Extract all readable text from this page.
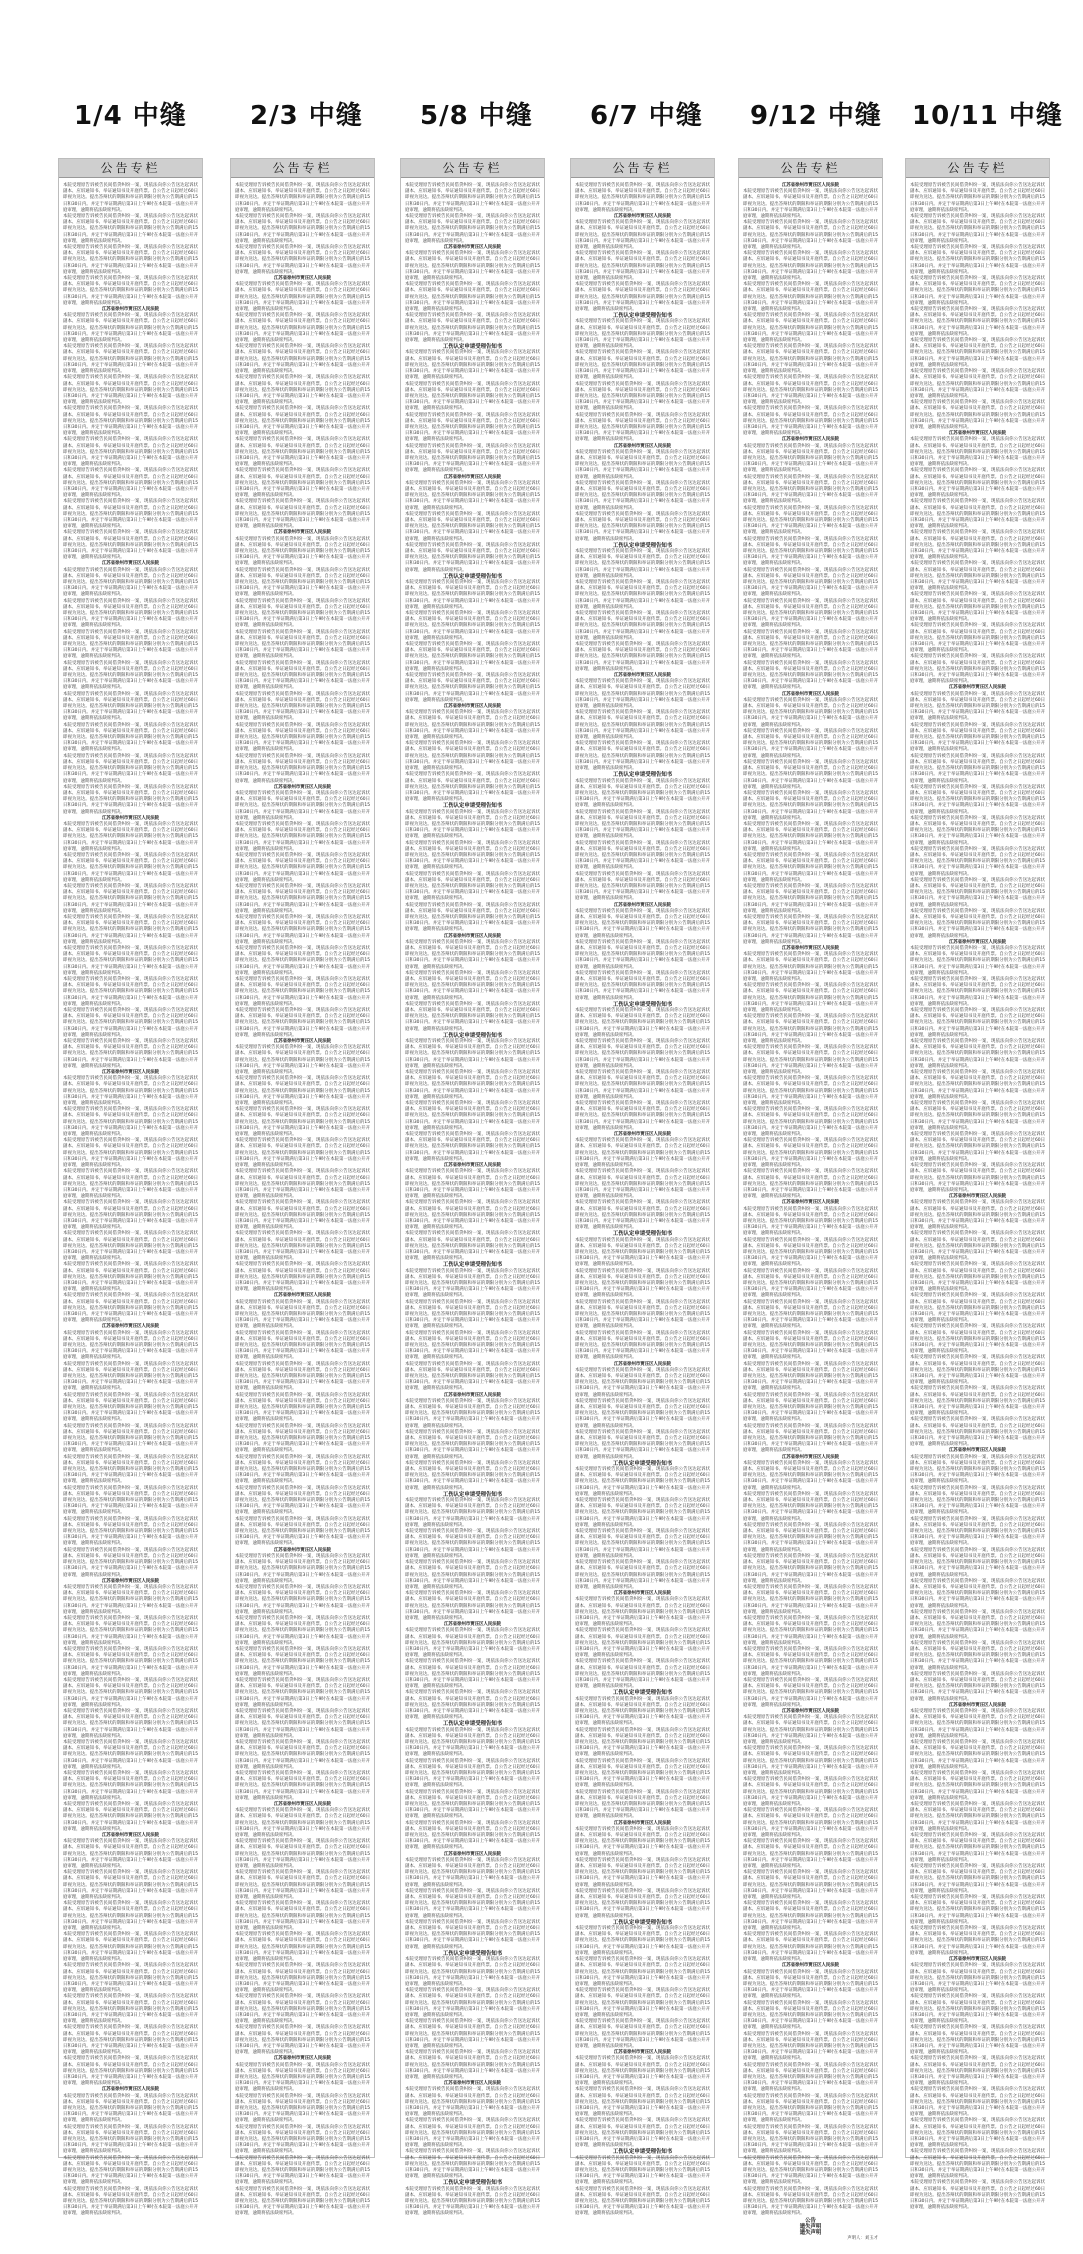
1/4 中缝 2/3 中缝 5/8 中缝 6/7 中缝 9/12 中缝 10/11 中缝
公告专栏

本院受理原告诉被告民间借贷纠纷一案，现依法向你公告送达起诉状副本、应诉通知书、举证通知书及开庭传票。自公告之日起经过60日即视为送达。提出答辩状的期限和举证的期限分别为公告期满后的15日和30日内。并定于举证期满后第3日上午9时在本院第一法庭公开开庭审理，逾期将依法缺席判决。

本院受理原告诉被告民间借贷纠纷一案，现依法向你公告送达起诉状副本、应诉通知书、举证通知书及开庭传票。自公告之日起经过60日即视为送达。提出答辩状的期限和举证的期限分别为公告期满后的15日和30日内。并定于举证期满后第3日上午9时在本院第一法庭公开开庭审理，逾期将依法缺席判决。

本院受理原告诉被告民间借贷纠纷一案，现依法向你公告送达起诉状副本、应诉通知书、举证通知书及开庭传票。自公告之日起经过60日即视为送达。提出答辩状的期限和举证的期限分别为公告期满后的15日和30日内。并定于举证期满后第3日上午9时在本院第一法庭公开开庭审理，逾期将依法缺席判决。

本院受理原告诉被告民间借贷纠纷一案，现依法向你公告送达起诉状副本、应诉通知书、举证通知书及开庭传票。自公告之日起经过60日即视为送达。提出答辩状的期限和举证的期限分别为公告期满后的15日和30日内。并定于举证期满后第3日上午9时在本院第一法庭公开开庭审理，逾期将依法缺席判决。

江苏省徐州市贾汪区人民法院

本院受理原告诉被告民间借贷纠纷一案，现依法向你公告送达起诉状副本、应诉通知书、举证通知书及开庭传票。自公告之日起经过60日即视为送达。提出答辩状的期限和举证的期限分别为公告期满后的15日和30日内。并定于举证期满后第3日上午9时在本院第一法庭公开开庭审理，逾期将依法缺席判决。

本院受理原告诉被告民间借贷纠纷一案，现依法向你公告送达起诉状副本、应诉通知书、举证通知书及开庭传票。自公告之日起经过60日即视为送达。提出答辩状的期限和举证的期限分别为公告期满后的15日和30日内。并定于举证期满后第3日上午9时在本院第一法庭公开开庭审理，逾期将依法缺席判决。

本院受理原告诉被告民间借贷纠纷一案，现依法向你公告送达起诉状副本、应诉通知书、举证通知书及开庭传票。自公告之日起经过60日即视为送达。提出答辩状的期限和举证的期限分别为公告期满后的15日和30日内。并定于举证期满后第3日上午9时在本院第一法庭公开开庭审理，逾期将依法缺席判决。

本院受理原告诉被告民间借贷纠纷一案，现依法向你公告送达起诉状副本、应诉通知书、举证通知书及开庭传票。自公告之日起经过60日即视为送达。提出答辩状的期限和举证的期限分别为公告期满后的15日和30日内。并定于举证期满后第3日上午9时在本院第一法庭公开开庭审理，逾期将依法缺席判决。

本院受理原告诉被告民间借贷纠纷一案，现依法向你公告送达起诉状副本、应诉通知书、举证通知书及开庭传票。自公告之日起经过60日即视为送达。提出答辩状的期限和举证的期限分别为公告期满后的15日和30日内。并定于举证期满后第3日上午9时在本院第一法庭公开开庭审理，逾期将依法缺席判决。

本院受理原告诉被告民间借贷纠纷一案，现依法向你公告送达起诉状副本、应诉通知书、举证通知书及开庭传票。自公告之日起经过60日即视为送达。提出答辩状的期限和举证的期限分别为公告期满后的15日和30日内。并定于举证期满后第3日上午9时在本院第一法庭公开开庭审理，逾期将依法缺席判决。

本院受理原告诉被告民间借贷纠纷一案，现依法向你公告送达起诉状副本、应诉通知书、举证通知书及开庭传票。自公告之日起经过60日即视为送达。提出答辩状的期限和举证的期限分别为公告期满后的15日和30日内。并定于举证期满后第3日上午9时在本院第一法庭公开开庭审理，逾期将依法缺席判决。

本院受理原告诉被告民间借贷纠纷一案，现依法向你公告送达起诉状副本、应诉通知书、举证通知书及开庭传票。自公告之日起经过60日即视为送达。提出答辩状的期限和举证的期限分别为公告期满后的15日和30日内。并定于举证期满后第3日上午9时在本院第一法庭公开开庭审理，逾期将依法缺席判决。

江苏省徐州市贾汪区人民法院

本院受理原告诉被告民间借贷纠纷一案，现依法向你公告送达起诉状副本、应诉通知书、举证通知书及开庭传票。自公告之日起经过60日即视为送达。提出答辩状的期限和举证的期限分别为公告期满后的15日和30日内。并定于举证期满后第3日上午9时在本院第一法庭公开开庭审理，逾期将依法缺席判决。

本院受理原告诉被告民间借贷纠纷一案，现依法向你公告送达起诉状副本、应诉通知书、举证通知书及开庭传票。自公告之日起经过60日即视为送达。提出答辩状的期限和举证的期限分别为公告期满后的15日和30日内。并定于举证期满后第3日上午9时在本院第一法庭公开开庭审理，逾期将依法缺席判决。

本院受理原告诉被告民间借贷纠纷一案，现依法向你公告送达起诉状副本、应诉通知书、举证通知书及开庭传票。自公告之日起经过60日即视为送达。提出答辩状的期限和举证的期限分别为公告期满后的15日和30日内。并定于举证期满后第3日上午9时在本院第一法庭公开开庭审理，逾期将依法缺席判决。

本院受理原告诉被告民间借贷纠纷一案，现依法向你公告送达起诉状副本、应诉通知书、举证通知书及开庭传票。自公告之日起经过60日即视为送达。提出答辩状的期限和举证的期限分别为公告期满后的15日和30日内。并定于举证期满后第3日上午9时在本院第一法庭公开开庭审理，逾期将依法缺席判决。

本院受理原告诉被告民间借贷纠纷一案，现依法向你公告送达起诉状副本、应诉通知书、举证通知书及开庭传票。自公告之日起经过60日即视为送达。提出答辩状的期限和举证的期限分别为公告期满后的15日和30日内。并定于举证期满后第3日上午9时在本院第一法庭公开开庭审理，逾期将依法缺席判决。

本院受理原告诉被告民间借贷纠纷一案，现依法向你公告送达起诉状副本、应诉通知书、举证通知书及开庭传票。自公告之日起经过60日即视为送达。提出答辩状的期限和举证的期限分别为公告期满后的15日和30日内。并定于举证期满后第3日上午9时在本院第一法庭公开开庭审理，逾期将依法缺席判决。

本院受理原告诉被告民间借贷纠纷一案，现依法向你公告送达起诉状副本、应诉通知书、举证通知书及开庭传票。自公告之日起经过60日即视为送达。提出答辩状的期限和举证的期限分别为公告期满后的15日和30日内。并定于举证期满后第3日上午9时在本院第一法庭公开开庭审理，逾期将依法缺席判决。

本院受理原告诉被告民间借贷纠纷一案，现依法向你公告送达起诉状副本、应诉通知书、举证通知书及开庭传票。自公告之日起经过60日即视为送达。提出答辩状的期限和举证的期限分别为公告期满后的15日和30日内。并定于举证期满后第3日上午9时在本院第一法庭公开开庭审理，逾期将依法缺席判决。

江苏省徐州市贾汪区人民法院

本院受理原告诉被告民间借贷纠纷一案，现依法向你公告送达起诉状副本、应诉通知书、举证通知书及开庭传票。自公告之日起经过60日即视为送达。提出答辩状的期限和举证的期限分别为公告期满后的15日和30日内。并定于举证期满后第3日上午9时在本院第一法庭公开开庭审理，逾期将依法缺席判决。

本院受理原告诉被告民间借贷纠纷一案，现依法向你公告送达起诉状副本、应诉通知书、举证通知书及开庭传票。自公告之日起经过60日即视为送达。提出答辩状的期限和举证的期限分别为公告期满后的15日和30日内。并定于举证期满后第3日上午9时在本院第一法庭公开开庭审理，逾期将依法缺席判决。

本院受理原告诉被告民间借贷纠纷一案，现依法向你公告送达起诉状副本、应诉通知书、举证通知书及开庭传票。自公告之日起经过60日即视为送达。提出答辩状的期限和举证的期限分别为公告期满后的15日和30日内。并定于举证期满后第3日上午9时在本院第一法庭公开开庭审理，逾期将依法缺席判决。

本院受理原告诉被告民间借贷纠纷一案，现依法向你公告送达起诉状副本、应诉通知书、举证通知书及开庭传票。自公告之日起经过60日即视为送达。提出答辩状的期限和举证的期限分别为公告期满后的15日和30日内。并定于举证期满后第3日上午9时在本院第一法庭公开开庭审理，逾期将依法缺席判决。

本院受理原告诉被告民间借贷纠纷一案，现依法向你公告送达起诉状副本、应诉通知书、举证通知书及开庭传票。自公告之日起经过60日即视为送达。提出答辩状的期限和举证的期限分别为公告期满后的15日和30日内。并定于举证期满后第3日上午9时在本院第一法庭公开开庭审理，逾期将依法缺席判决。

本院受理原告诉被告民间借贷纠纷一案，现依法向你公告送达起诉状副本、应诉通知书、举证通知书及开庭传票。自公告之日起经过60日即视为送达。提出答辩状的期限和举证的期限分别为公告期满后的15日和30日内。并定于举证期满后第3日上午9时在本院第一法庭公开开庭审理，逾期将依法缺席判决。

本院受理原告诉被告民间借贷纠纷一案，现依法向你公告送达起诉状副本、应诉通知书、举证通知书及开庭传票。自公告之日起经过60日即视为送达。提出答辩状的期限和举证的期限分别为公告期满后的15日和30日内。并定于举证期满后第3日上午9时在本院第一法庭公开开庭审理，逾期将依法缺席判决。

本院受理原告诉被告民间借贷纠纷一案，现依法向你公告送达起诉状副本、应诉通知书、举证通知书及开庭传票。自公告之日起经过60日即视为送达。提出答辩状的期限和举证的期限分别为公告期满后的15日和30日内。并定于举证期满后第3日上午9时在本院第一法庭公开开庭审理，逾期将依法缺席判决。

江苏省徐州市贾汪区人民法院

本院受理原告诉被告民间借贷纠纷一案，现依法向你公告送达起诉状副本、应诉通知书、举证通知书及开庭传票。自公告之日起经过60日即视为送达。提出答辩状的期限和举证的期限分别为公告期满后的15日和30日内。并定于举证期满后第3日上午9时在本院第一法庭公开开庭审理，逾期将依法缺席判决。

本院受理原告诉被告民间借贷纠纷一案，现依法向你公告送达起诉状副本、应诉通知书、举证通知书及开庭传票。自公告之日起经过60日即视为送达。提出答辩状的期限和举证的期限分别为公告期满后的15日和30日内。并定于举证期满后第3日上午9时在本院第一法庭公开开庭审理，逾期将依法缺席判决。

本院受理原告诉被告民间借贷纠纷一案，现依法向你公告送达起诉状副本、应诉通知书、举证通知书及开庭传票。自公告之日起经过60日即视为送达。提出答辩状的期限和举证的期限分别为公告期满后的15日和30日内。并定于举证期满后第3日上午9时在本院第一法庭公开开庭审理，逾期将依法缺席判决。

本院受理原告诉被告民间借贷纠纷一案，现依法向你公告送达起诉状副本、应诉通知书、举证通知书及开庭传票。自公告之日起经过60日即视为送达。提出答辩状的期限和举证的期限分别为公告期满后的15日和30日内。并定于举证期满后第3日上午9时在本院第一法庭公开开庭审理，逾期将依法缺席判决。

本院受理原告诉被告民间借贷纠纷一案，现依法向你公告送达起诉状副本、应诉通知书、举证通知书及开庭传票。自公告之日起经过60日即视为送达。提出答辩状的期限和举证的期限分别为公告期满后的15日和30日内。并定于举证期满后第3日上午9时在本院第一法庭公开开庭审理，逾期将依法缺席判决。

本院受理原告诉被告民间借贷纠纷一案，现依法向你公告送达起诉状副本、应诉通知书、举证通知书及开庭传票。自公告之日起经过60日即视为送达。提出答辩状的期限和举证的期限分别为公告期满后的15日和30日内。并定于举证期满后第3日上午9时在本院第一法庭公开开庭审理，逾期将依法缺席判决。

本院受理原告诉被告民间借贷纠纷一案，现依法向你公告送达起诉状副本、应诉通知书、举证通知书及开庭传票。自公告之日起经过60日即视为送达。提出答辩状的期限和举证的期限分别为公告期满后的15日和30日内。并定于举证期满后第3日上午9时在本院第一法庭公开开庭审理，逾期将依法缺席判决。

本院受理原告诉被告民间借贷纠纷一案，现依法向你公告送达起诉状副本、应诉通知书、举证通知书及开庭传票。自公告之日起经过60日即视为送达。提出答辩状的期限和举证的期限分别为公告期满后的15日和30日内。并定于举证期满后第3日上午9时在本院第一法庭公开开庭审理，逾期将依法缺席判决。

江苏省徐州市贾汪区人民法院

本院受理原告诉被告民间借贷纠纷一案，现依法向你公告送达起诉状副本、应诉通知书、举证通知书及开庭传票。自公告之日起经过60日即视为送达。提出答辩状的期限和举证的期限分别为公告期满后的15日和30日内。并定于举证期满后第3日上午9时在本院第一法庭公开开庭审理，逾期将依法缺席判决。

本院受理原告诉被告民间借贷纠纷一案，现依法向你公告送达起诉状副本、应诉通知书、举证通知书及开庭传票。自公告之日起经过60日即视为送达。提出答辩状的期限和举证的期限分别为公告期满后的15日和30日内。并定于举证期满后第3日上午9时在本院第一法庭公开开庭审理，逾期将依法缺席判决。

本院受理原告诉被告民间借贷纠纷一案，现依法向你公告送达起诉状副本、应诉通知书、举证通知书及开庭传票。自公告之日起经过60日即视为送达。提出答辩状的期限和举证的期限分别为公告期满后的15日和30日内。并定于举证期满后第3日上午9时在本院第一法庭公开开庭审理，逾期将依法缺席判决。

本院受理原告诉被告民间借贷纠纷一案，现依法向你公告送达起诉状副本、应诉通知书、举证通知书及开庭传票。自公告之日起经过60日即视为送达。提出答辩状的期限和举证的期限分别为公告期满后的15日和30日内。并定于举证期满后第3日上午9时在本院第一法庭公开开庭审理，逾期将依法缺席判决。

本院受理原告诉被告民间借贷纠纷一案，现依法向你公告送达起诉状副本、应诉通知书、举证通知书及开庭传票。自公告之日起经过60日即视为送达。提出答辩状的期限和举证的期限分别为公告期满后的15日和30日内。并定于举证期满后第3日上午9时在本院第一法庭公开开庭审理，逾期将依法缺席判决。

本院受理原告诉被告民间借贷纠纷一案，现依法向你公告送达起诉状副本、应诉通知书、举证通知书及开庭传票。自公告之日起经过60日即视为送达。提出答辩状的期限和举证的期限分别为公告期满后的15日和30日内。并定于举证期满后第3日上午9时在本院第一法庭公开开庭审理，逾期将依法缺席判决。

本院受理原告诉被告民间借贷纠纷一案，现依法向你公告送达起诉状副本、应诉通知书、举证通知书及开庭传票。自公告之日起经过60日即视为送达。提出答辩状的期限和举证的期限分别为公告期满后的15日和30日内。并定于举证期满后第3日上午9时在本院第一法庭公开开庭审理，逾期将依法缺席判决。

本院受理原告诉被告民间借贷纠纷一案，现依法向你公告送达起诉状副本、应诉通知书、举证通知书及开庭传票。自公告之日起经过60日即视为送达。提出答辩状的期限和举证的期限分别为公告期满后的15日和30日内。并定于举证期满后第3日上午9时在本院第一法庭公开开庭审理，逾期将依法缺席判决。

江苏省徐州市贾汪区人民法院

本院受理原告诉被告民间借贷纠纷一案，现依法向你公告送达起诉状副本、应诉通知书、举证通知书及开庭传票。自公告之日起经过60日即视为送达。提出答辩状的期限和举证的期限分别为公告期满后的15日和30日内。并定于举证期满后第3日上午9时在本院第一法庭公开开庭审理，逾期将依法缺席判决。

本院受理原告诉被告民间借贷纠纷一案，现依法向你公告送达起诉状副本、应诉通知书、举证通知书及开庭传票。自公告之日起经过60日即视为送达。提出答辩状的期限和举证的期限分别为公告期满后的15日和30日内。并定于举证期满后第3日上午9时在本院第一法庭公开开庭审理，逾期将依法缺席判决。

本院受理原告诉被告民间借贷纠纷一案，现依法向你公告送达起诉状副本、应诉通知书、举证通知书及开庭传票。自公告之日起经过60日即视为送达。提出答辩状的期限和举证的期限分别为公告期满后的15日和30日内。并定于举证期满后第3日上午9时在本院第一法庭公开开庭审理，逾期将依法缺席判决。

本院受理原告诉被告民间借贷纠纷一案，现依法向你公告送达起诉状副本、应诉通知书、举证通知书及开庭传票。自公告之日起经过60日即视为送达。提出答辩状的期限和举证的期限分别为公告期满后的15日和30日内。并定于举证期满后第3日上午9时在本院第一法庭公开开庭审理，逾期将依法缺席判决。

本院受理原告诉被告民间借贷纠纷一案，现依法向你公告送达起诉状副本、应诉通知书、举证通知书及开庭传票。自公告之日起经过60日即视为送达。提出答辩状的期限和举证的期限分别为公告期满后的15日和30日内。并定于举证期满后第3日上午9时在本院第一法庭公开开庭审理，逾期将依法缺席判决。

本院受理原告诉被告民间借贷纠纷一案，现依法向你公告送达起诉状副本、应诉通知书、举证通知书及开庭传票。自公告之日起经过60日即视为送达。提出答辩状的期限和举证的期限分别为公告期满后的15日和30日内。并定于举证期满后第3日上午9时在本院第一法庭公开开庭审理，逾期将依法缺席判决。

本院受理原告诉被告民间借贷纠纷一案，现依法向你公告送达起诉状副本、应诉通知书、举证通知书及开庭传票。自公告之日起经过60日即视为送达。提出答辩状的期限和举证的期限分别为公告期满后的15日和30日内。并定于举证期满后第3日上午9时在本院第一法庭公开开庭审理，逾期将依法缺席判决。

本院受理原告诉被告民间借贷纠纷一案，现依法向你公告送达起诉状副本、应诉通知书、举证通知书及开庭传票。自公告之日起经过60日即视为送达。提出答辩状的期限和举证的期限分别为公告期满后的15日和30日内。并定于举证期满后第3日上午9时在本院第一法庭公开开庭审理，逾期将依法缺席判决。

江苏省徐州市贾汪区人民法院

本院受理原告诉被告民间借贷纠纷一案，现依法向你公告送达起诉状副本、应诉通知书、举证通知书及开庭传票。自公告之日起经过60日即视为送达。提出答辩状的期限和举证的期限分别为公告期满后的15日和30日内。并定于举证期满后第3日上午9时在本院第一法庭公开开庭审理，逾期将依法缺席判决。

本院受理原告诉被告民间借贷纠纷一案，现依法向你公告送达起诉状副本、应诉通知书、举证通知书及开庭传票。自公告之日起经过60日即视为送达。提出答辩状的期限和举证的期限分别为公告期满后的15日和30日内。并定于举证期满后第3日上午9时在本院第一法庭公开开庭审理，逾期将依法缺席判决。

本院受理原告诉被告民间借贷纠纷一案，现依法向你公告送达起诉状副本、应诉通知书、举证通知书及开庭传票。自公告之日起经过60日即视为送达。提出答辩状的期限和举证的期限分别为公告期满后的15日和30日内。并定于举证期满后第3日上午9时在本院第一法庭公开开庭审理，逾期将依法缺席判决。

本院受理原告诉被告民间借贷纠纷一案，现依法向你公告送达起诉状副本、应诉通知书、举证通知书及开庭传票。自公告之日起经过60日即视为送达。提出答辩状的期限和举证的期限分别为公告期满后的15日和30日内。并定于举证期满后第3日上午9时在本院第一法庭公开开庭审理，逾期将依法缺席判决。

本院受理原告诉被告民间借贷纠纷一案，现依法向你公告送达起诉状副本、应诉通知书、举证通知书及开庭传票。自公告之日起经过60日即视为送达。提出答辩状的期限和举证的期限分别为公告期满后的15日和30日内。并定于举证期满后第3日上午9时在本院第一法庭公开开庭审理，逾期将依法缺席判决。

本院受理原告诉被告民间借贷纠纷一案，现依法向你公告送达起诉状副本、应诉通知书、举证通知书及开庭传票。自公告之日起经过60日即视为送达。提出答辩状的期限和举证的期限分别为公告期满后的15日和30日内。并定于举证期满后第3日上午9时在本院第一法庭公开开庭审理，逾期将依法缺席判决。

本院受理原告诉被告民间借贷纠纷一案，现依法向你公告送达起诉状副本、应诉通知书、举证通知书及开庭传票。自公告之日起经过60日即视为送达。提出答辩状的期限和举证的期限分别为公告期满后的15日和30日内。并定于举证期满后第3日上午9时在本院第一法庭公开开庭审理，逾期将依法缺席判决。

本院受理原告诉被告民间借贷纠纷一案，现依法向你公告送达起诉状副本、应诉通知书、举证通知书及开庭传票。自公告之日起经过60日即视为送达。提出答辩状的期限和举证的期限分别为公告期满后的15日和30日内。并定于举证期满后第3日上午9时在本院第一法庭公开开庭审理，逾期将依法缺席判决。

江苏省徐州市贾汪区人民法院

本院受理原告诉被告民间借贷纠纷一案，现依法向你公告送达起诉状副本、应诉通知书、举证通知书及开庭传票。自公告之日起经过60日即视为送达。提出答辩状的期限和举证的期限分别为公告期满后的15日和30日内。并定于举证期满后第3日上午9时在本院第一法庭公开开庭审理，逾期将依法缺席判决。

本院受理原告诉被告民间借贷纠纷一案，现依法向你公告送达起诉状副本、应诉通知书、举证通知书及开庭传票。自公告之日起经过60日即视为送达。提出答辩状的期限和举证的期限分别为公告期满后的15日和30日内。并定于举证期满后第3日上午9时在本院第一法庭公开开庭审理，逾期将依法缺席判决。

本院受理原告诉被告民间借贷纠纷一案，现依法向你公告送达起诉状副本、应诉通知书、举证通知书及开庭传票。自公告之日起经过60日即视为送达。提出答辩状的期限和举证的期限分别为公告期满后的15日和30日内。并定于举证期满后第3日上午9时在本院第一法庭公开开庭审理，逾期将依法缺席判决。

本院受理原告诉被告民间借贷纠纷一案，现依法向你公告送达起诉状副本、应诉通知书、举证通知书及开庭传票。自公告之日起经过60日即视为送达。提出答辩状的期限和举证的期限分别为公告期满后的15日和30日内。并定于举证期满后第3日上午9时在本院第一法庭公开开庭审理，逾期将依法缺席判决。

公告专栏

本院受理原告诉被告民间借贷纠纷一案，现依法向你公告送达起诉状副本、应诉通知书、举证通知书及开庭传票。自公告之日起经过60日即视为送达。提出答辩状的期限和举证的期限分别为公告期满后的15日和30日内。并定于举证期满后第3日上午9时在本院第一法庭公开开庭审理，逾期将依法缺席判决。

本院受理原告诉被告民间借贷纠纷一案，现依法向你公告送达起诉状副本、应诉通知书、举证通知书及开庭传票。自公告之日起经过60日即视为送达。提出答辩状的期限和举证的期限分别为公告期满后的15日和30日内。并定于举证期满后第3日上午9时在本院第一法庭公开开庭审理，逾期将依法缺席判决。

本院受理原告诉被告民间借贷纠纷一案，现依法向你公告送达起诉状副本、应诉通知书、举证通知书及开庭传票。自公告之日起经过60日即视为送达。提出答辩状的期限和举证的期限分别为公告期满后的15日和30日内。并定于举证期满后第3日上午9时在本院第一法庭公开开庭审理，逾期将依法缺席判决。

江苏省徐州市贾汪区人民法院

本院受理原告诉被告民间借贷纠纷一案，现依法向你公告送达起诉状副本、应诉通知书、举证通知书及开庭传票。自公告之日起经过60日即视为送达。提出答辩状的期限和举证的期限分别为公告期满后的15日和30日内。并定于举证期满后第3日上午9时在本院第一法庭公开开庭审理，逾期将依法缺席判决。

本院受理原告诉被告民间借贷纠纷一案，现依法向你公告送达起诉状副本、应诉通知书、举证通知书及开庭传票。自公告之日起经过60日即视为送达。提出答辩状的期限和举证的期限分别为公告期满后的15日和30日内。并定于举证期满后第3日上午9时在本院第一法庭公开开庭审理，逾期将依法缺席判决。

本院受理原告诉被告民间借贷纠纷一案，现依法向你公告送达起诉状副本、应诉通知书、举证通知书及开庭传票。自公告之日起经过60日即视为送达。提出答辩状的期限和举证的期限分别为公告期满后的15日和30日内。并定于举证期满后第3日上午9时在本院第一法庭公开开庭审理，逾期将依法缺席判决。

本院受理原告诉被告民间借贷纠纷一案，现依法向你公告送达起诉状副本、应诉通知书、举证通知书及开庭传票。自公告之日起经过60日即视为送达。提出答辩状的期限和举证的期限分别为公告期满后的15日和30日内。并定于举证期满后第3日上午9时在本院第一法庭公开开庭审理，逾期将依法缺席判决。

本院受理原告诉被告民间借贷纠纷一案，现依法向你公告送达起诉状副本、应诉通知书、举证通知书及开庭传票。自公告之日起经过60日即视为送达。提出答辩状的期限和举证的期限分别为公告期满后的15日和30日内。并定于举证期满后第3日上午9时在本院第一法庭公开开庭审理，逾期将依法缺席判决。

本院受理原告诉被告民间借贷纠纷一案，现依法向你公告送达起诉状副本、应诉通知书、举证通知书及开庭传票。自公告之日起经过60日即视为送达。提出答辩状的期限和举证的期限分别为公告期满后的15日和30日内。并定于举证期满后第3日上午9时在本院第一法庭公开开庭审理，逾期将依法缺席判决。

本院受理原告诉被告民间借贷纠纷一案，现依法向你公告送达起诉状副本、应诉通知书、举证通知书及开庭传票。自公告之日起经过60日即视为送达。提出答辩状的期限和举证的期限分别为公告期满后的15日和30日内。并定于举证期满后第3日上午9时在本院第一法庭公开开庭审理，逾期将依法缺席判决。

本院受理原告诉被告民间借贷纠纷一案，现依法向你公告送达起诉状副本、应诉通知书、举证通知书及开庭传票。自公告之日起经过60日即视为送达。提出答辩状的期限和举证的期限分别为公告期满后的15日和30日内。并定于举证期满后第3日上午9时在本院第一法庭公开开庭审理，逾期将依法缺席判决。

江苏省徐州市贾汪区人民法院

本院受理原告诉被告民间借贷纠纷一案，现依法向你公告送达起诉状副本、应诉通知书、举证通知书及开庭传票。自公告之日起经过60日即视为送达。提出答辩状的期限和举证的期限分别为公告期满后的15日和30日内。并定于举证期满后第3日上午9时在本院第一法庭公开开庭审理，逾期将依法缺席判决。

本院受理原告诉被告民间借贷纠纷一案，现依法向你公告送达起诉状副本、应诉通知书、举证通知书及开庭传票。自公告之日起经过60日即视为送达。提出答辩状的期限和举证的期限分别为公告期满后的15日和30日内。并定于举证期满后第3日上午9时在本院第一法庭公开开庭审理，逾期将依法缺席判决。

本院受理原告诉被告民间借贷纠纷一案，现依法向你公告送达起诉状副本、应诉通知书、举证通知书及开庭传票。自公告之日起经过60日即视为送达。提出答辩状的期限和举证的期限分别为公告期满后的15日和30日内。并定于举证期满后第3日上午9时在本院第一法庭公开开庭审理，逾期将依法缺席判决。

本院受理原告诉被告民间借贷纠纷一案，现依法向你公告送达起诉状副本、应诉通知书、举证通知书及开庭传票。自公告之日起经过60日即视为送达。提出答辩状的期限和举证的期限分别为公告期满后的15日和30日内。并定于举证期满后第3日上午9时在本院第一法庭公开开庭审理，逾期将依法缺席判决。

本院受理原告诉被告民间借贷纠纷一案，现依法向你公告送达起诉状副本、应诉通知书、举证通知书及开庭传票。自公告之日起经过60日即视为送达。提出答辩状的期限和举证的期限分别为公告期满后的15日和30日内。并定于举证期满后第3日上午9时在本院第一法庭公开开庭审理，逾期将依法缺席判决。

本院受理原告诉被告民间借贷纠纷一案，现依法向你公告送达起诉状副本、应诉通知书、举证通知书及开庭传票。自公告之日起经过60日即视为送达。提出答辩状的期限和举证的期限分别为公告期满后的15日和30日内。并定于举证期满后第3日上午9时在本院第一法庭公开开庭审理，逾期将依法缺席判决。

本院受理原告诉被告民间借贷纠纷一案，现依法向你公告送达起诉状副本、应诉通知书、举证通知书及开庭传票。自公告之日起经过60日即视为送达。提出答辩状的期限和举证的期限分别为公告期满后的15日和30日内。并定于举证期满后第3日上午9时在本院第一法庭公开开庭审理，逾期将依法缺席判决。

本院受理原告诉被告民间借贷纠纷一案，现依法向你公告送达起诉状副本、应诉通知书、举证通知书及开庭传票。自公告之日起经过60日即视为送达。提出答辩状的期限和举证的期限分别为公告期满后的15日和30日内。并定于举证期满后第3日上午9时在本院第一法庭公开开庭审理，逾期将依法缺席判决。

江苏省徐州市贾汪区人民法院

本院受理原告诉被告民间借贷纠纷一案，现依法向你公告送达起诉状副本、应诉通知书、举证通知书及开庭传票。自公告之日起经过60日即视为送达。提出答辩状的期限和举证的期限分别为公告期满后的15日和30日内。并定于举证期满后第3日上午9时在本院第一法庭公开开庭审理，逾期将依法缺席判决。

本院受理原告诉被告民间借贷纠纷一案，现依法向你公告送达起诉状副本、应诉通知书、举证通知书及开庭传票。自公告之日起经过60日即视为送达。提出答辩状的期限和举证的期限分别为公告期满后的15日和30日内。并定于举证期满后第3日上午9时在本院第一法庭公开开庭审理，逾期将依法缺席判决。

本院受理原告诉被告民间借贷纠纷一案，现依法向你公告送达起诉状副本、应诉通知书、举证通知书及开庭传票。自公告之日起经过60日即视为送达。提出答辩状的期限和举证的期限分别为公告期满后的15日和30日内。并定于举证期满后第3日上午9时在本院第一法庭公开开庭审理，逾期将依法缺席判决。

本院受理原告诉被告民间借贷纠纷一案，现依法向你公告送达起诉状副本、应诉通知书、举证通知书及开庭传票。自公告之日起经过60日即视为送达。提出答辩状的期限和举证的期限分别为公告期满后的15日和30日内。并定于举证期满后第3日上午9时在本院第一法庭公开开庭审理，逾期将依法缺席判决。

本院受理原告诉被告民间借贷纠纷一案，现依法向你公告送达起诉状副本、应诉通知书、举证通知书及开庭传票。自公告之日起经过60日即视为送达。提出答辩状的期限和举证的期限分别为公告期满后的15日和30日内。并定于举证期满后第3日上午9时在本院第一法庭公开开庭审理，逾期将依法缺席判决。

本院受理原告诉被告民间借贷纠纷一案，现依法向你公告送达起诉状副本、应诉通知书、举证通知书及开庭传票。自公告之日起经过60日即视为送达。提出答辩状的期限和举证的期限分别为公告期满后的15日和30日内。并定于举证期满后第3日上午9时在本院第一法庭公开开庭审理，逾期将依法缺席判决。

本院受理原告诉被告民间借贷纠纷一案，现依法向你公告送达起诉状副本、应诉通知书、举证通知书及开庭传票。自公告之日起经过60日即视为送达。提出答辩状的期限和举证的期限分别为公告期满后的15日和30日内。并定于举证期满后第3日上午9时在本院第一法庭公开开庭审理，逾期将依法缺席判决。

本院受理原告诉被告民间借贷纠纷一案，现依法向你公告送达起诉状副本、应诉通知书、举证通知书及开庭传票。自公告之日起经过60日即视为送达。提出答辩状的期限和举证的期限分别为公告期满后的15日和30日内。并定于举证期满后第3日上午9时在本院第一法庭公开开庭审理，逾期将依法缺席判决。

江苏省徐州市贾汪区人民法院

本院受理原告诉被告民间借贷纠纷一案，现依法向你公告送达起诉状副本、应诉通知书、举证通知书及开庭传票。自公告之日起经过60日即视为送达。提出答辩状的期限和举证的期限分别为公告期满后的15日和30日内。并定于举证期满后第3日上午9时在本院第一法庭公开开庭审理，逾期将依法缺席判决。

本院受理原告诉被告民间借贷纠纷一案，现依法向你公告送达起诉状副本、应诉通知书、举证通知书及开庭传票。自公告之日起经过60日即视为送达。提出答辩状的期限和举证的期限分别为公告期满后的15日和30日内。并定于举证期满后第3日上午9时在本院第一法庭公开开庭审理，逾期将依法缺席判决。

本院受理原告诉被告民间借贷纠纷一案，现依法向你公告送达起诉状副本、应诉通知书、举证通知书及开庭传票。自公告之日起经过60日即视为送达。提出答辩状的期限和举证的期限分别为公告期满后的15日和30日内。并定于举证期满后第3日上午9时在本院第一法庭公开开庭审理，逾期将依法缺席判决。

本院受理原告诉被告民间借贷纠纷一案，现依法向你公告送达起诉状副本、应诉通知书、举证通知书及开庭传票。自公告之日起经过60日即视为送达。提出答辩状的期限和举证的期限分别为公告期满后的15日和30日内。并定于举证期满后第3日上午9时在本院第一法庭公开开庭审理，逾期将依法缺席判决。

本院受理原告诉被告民间借贷纠纷一案，现依法向你公告送达起诉状副本、应诉通知书、举证通知书及开庭传票。自公告之日起经过60日即视为送达。提出答辩状的期限和举证的期限分别为公告期满后的15日和30日内。并定于举证期满后第3日上午9时在本院第一法庭公开开庭审理，逾期将依法缺席判决。

本院受理原告诉被告民间借贷纠纷一案，现依法向你公告送达起诉状副本、应诉通知书、举证通知书及开庭传票。自公告之日起经过60日即视为送达。提出答辩状的期限和举证的期限分别为公告期满后的15日和30日内。并定于举证期满后第3日上午9时在本院第一法庭公开开庭审理，逾期将依法缺席判决。

本院受理原告诉被告民间借贷纠纷一案，现依法向你公告送达起诉状副本、应诉通知书、举证通知书及开庭传票。自公告之日起经过60日即视为送达。提出答辩状的期限和举证的期限分别为公告期满后的15日和30日内。并定于举证期满后第3日上午9时在本院第一法庭公开开庭审理，逾期将依法缺席判决。

本院受理原告诉被告民间借贷纠纷一案，现依法向你公告送达起诉状副本、应诉通知书、举证通知书及开庭传票。自公告之日起经过60日即视为送达。提出答辩状的期限和举证的期限分别为公告期满后的15日和30日内。并定于举证期满后第3日上午9时在本院第一法庭公开开庭审理，逾期将依法缺席判决。

江苏省徐州市贾汪区人民法院

本院受理原告诉被告民间借贷纠纷一案，现依法向你公告送达起诉状副本、应诉通知书、举证通知书及开庭传票。自公告之日起经过60日即视为送达。提出答辩状的期限和举证的期限分别为公告期满后的15日和30日内。并定于举证期满后第3日上午9时在本院第一法庭公开开庭审理，逾期将依法缺席判决。

本院受理原告诉被告民间借贷纠纷一案，现依法向你公告送达起诉状副本、应诉通知书、举证通知书及开庭传票。自公告之日起经过60日即视为送达。提出答辩状的期限和举证的期限分别为公告期满后的15日和30日内。并定于举证期满后第3日上午9时在本院第一法庭公开开庭审理，逾期将依法缺席判决。

本院受理原告诉被告民间借贷纠纷一案，现依法向你公告送达起诉状副本、应诉通知书、举证通知书及开庭传票。自公告之日起经过60日即视为送达。提出答辩状的期限和举证的期限分别为公告期满后的15日和30日内。并定于举证期满后第3日上午9时在本院第一法庭公开开庭审理，逾期将依法缺席判决。

本院受理原告诉被告民间借贷纠纷一案，现依法向你公告送达起诉状副本、应诉通知书、举证通知书及开庭传票。自公告之日起经过60日即视为送达。提出答辩状的期限和举证的期限分别为公告期满后的15日和30日内。并定于举证期满后第3日上午9时在本院第一法庭公开开庭审理，逾期将依法缺席判决。

本院受理原告诉被告民间借贷纠纷一案，现依法向你公告送达起诉状副本、应诉通知书、举证通知书及开庭传票。自公告之日起经过60日即视为送达。提出答辩状的期限和举证的期限分别为公告期满后的15日和30日内。并定于举证期满后第3日上午9时在本院第一法庭公开开庭审理，逾期将依法缺席判决。

本院受理原告诉被告民间借贷纠纷一案，现依法向你公告送达起诉状副本、应诉通知书、举证通知书及开庭传票。自公告之日起经过60日即视为送达。提出答辩状的期限和举证的期限分别为公告期满后的15日和30日内。并定于举证期满后第3日上午9时在本院第一法庭公开开庭审理，逾期将依法缺席判决。

本院受理原告诉被告民间借贷纠纷一案，现依法向你公告送达起诉状副本、应诉通知书、举证通知书及开庭传票。自公告之日起经过60日即视为送达。提出答辩状的期限和举证的期限分别为公告期满后的15日和30日内。并定于举证期满后第3日上午9时在本院第一法庭公开开庭审理，逾期将依法缺席判决。

本院受理原告诉被告民间借贷纠纷一案，现依法向你公告送达起诉状副本、应诉通知书、举证通知书及开庭传票。自公告之日起经过60日即视为送达。提出答辩状的期限和举证的期限分别为公告期满后的15日和30日内。并定于举证期满后第3日上午9时在本院第一法庭公开开庭审理，逾期将依法缺席判决。

江苏省徐州市贾汪区人民法院

本院受理原告诉被告民间借贷纠纷一案，现依法向你公告送达起诉状副本、应诉通知书、举证通知书及开庭传票。自公告之日起经过60日即视为送达。提出答辩状的期限和举证的期限分别为公告期满后的15日和30日内。并定于举证期满后第3日上午9时在本院第一法庭公开开庭审理，逾期将依法缺席判决。

本院受理原告诉被告民间借贷纠纷一案，现依法向你公告送达起诉状副本、应诉通知书、举证通知书及开庭传票。自公告之日起经过60日即视为送达。提出答辩状的期限和举证的期限分别为公告期满后的15日和30日内。并定于举证期满后第3日上午9时在本院第一法庭公开开庭审理，逾期将依法缺席判决。

本院受理原告诉被告民间借贷纠纷一案，现依法向你公告送达起诉状副本、应诉通知书、举证通知书及开庭传票。自公告之日起经过60日即视为送达。提出答辩状的期限和举证的期限分别为公告期满后的15日和30日内。并定于举证期满后第3日上午9时在本院第一法庭公开开庭审理，逾期将依法缺席判决。

本院受理原告诉被告民间借贷纠纷一案，现依法向你公告送达起诉状副本、应诉通知书、举证通知书及开庭传票。自公告之日起经过60日即视为送达。提出答辩状的期限和举证的期限分别为公告期满后的15日和30日内。并定于举证期满后第3日上午9时在本院第一法庭公开开庭审理，逾期将依法缺席判决。

本院受理原告诉被告民间借贷纠纷一案，现依法向你公告送达起诉状副本、应诉通知书、举证通知书及开庭传票。自公告之日起经过60日即视为送达。提出答辩状的期限和举证的期限分别为公告期满后的15日和30日内。并定于举证期满后第3日上午9时在本院第一法庭公开开庭审理，逾期将依法缺席判决。

本院受理原告诉被告民间借贷纠纷一案，现依法向你公告送达起诉状副本、应诉通知书、举证通知书及开庭传票。自公告之日起经过60日即视为送达。提出答辩状的期限和举证的期限分别为公告期满后的15日和30日内。并定于举证期满后第3日上午9时在本院第一法庭公开开庭审理，逾期将依法缺席判决。

本院受理原告诉被告民间借贷纠纷一案，现依法向你公告送达起诉状副本、应诉通知书、举证通知书及开庭传票。自公告之日起经过60日即视为送达。提出答辩状的期限和举证的期限分别为公告期满后的15日和30日内。并定于举证期满后第3日上午9时在本院第一法庭公开开庭审理，逾期将依法缺席判决。

本院受理原告诉被告民间借贷纠纷一案，现依法向你公告送达起诉状副本、应诉通知书、举证通知书及开庭传票。自公告之日起经过60日即视为送达。提出答辩状的期限和举证的期限分别为公告期满后的15日和30日内。并定于举证期满后第3日上午9时在本院第一法庭公开开庭审理，逾期将依法缺席判决。

江苏省徐州市贾汪区人民法院

本院受理原告诉被告民间借贷纠纷一案，现依法向你公告送达起诉状副本、应诉通知书、举证通知书及开庭传票。自公告之日起经过60日即视为送达。提出答辩状的期限和举证的期限分别为公告期满后的15日和30日内。并定于举证期满后第3日上午9时在本院第一法庭公开开庭审理，逾期将依法缺席判决。

本院受理原告诉被告民间借贷纠纷一案，现依法向你公告送达起诉状副本、应诉通知书、举证通知书及开庭传票。自公告之日起经过60日即视为送达。提出答辩状的期限和举证的期限分别为公告期满后的15日和30日内。并定于举证期满后第3日上午9时在本院第一法庭公开开庭审理，逾期将依法缺席判决。

本院受理原告诉被告民间借贷纠纷一案，现依法向你公告送达起诉状副本、应诉通知书、举证通知书及开庭传票。自公告之日起经过60日即视为送达。提出答辩状的期限和举证的期限分别为公告期满后的15日和30日内。并定于举证期满后第3日上午9时在本院第一法庭公开开庭审理，逾期将依法缺席判决。

本院受理原告诉被告民间借贷纠纷一案，现依法向你公告送达起诉状副本、应诉通知书、举证通知书及开庭传票。自公告之日起经过60日即视为送达。提出答辩状的期限和举证的期限分别为公告期满后的15日和30日内。并定于举证期满后第3日上午9时在本院第一法庭公开开庭审理，逾期将依法缺席判决。

本院受理原告诉被告民间借贷纠纷一案，现依法向你公告送达起诉状副本、应诉通知书、举证通知书及开庭传票。自公告之日起经过60日即视为送达。提出答辩状的期限和举证的期限分别为公告期满后的15日和30日内。并定于举证期满后第3日上午9时在本院第一法庭公开开庭审理，逾期将依法缺席判决。

本院受理原告诉被告民间借贷纠纷一案，现依法向你公告送达起诉状副本、应诉通知书、举证通知书及开庭传票。自公告之日起经过60日即视为送达。提出答辩状的期限和举证的期限分别为公告期满后的15日和30日内。并定于举证期满后第3日上午9时在本院第一法庭公开开庭审理，逾期将依法缺席判决。

本院受理原告诉被告民间借贷纠纷一案，现依法向你公告送达起诉状副本、应诉通知书、举证通知书及开庭传票。自公告之日起经过60日即视为送达。提出答辩状的期限和举证的期限分别为公告期满后的15日和30日内。并定于举证期满后第3日上午9时在本院第一法庭公开开庭审理，逾期将依法缺席判决。

本院受理原告诉被告民间借贷纠纷一案，现依法向你公告送达起诉状副本、应诉通知书、举证通知书及开庭传票。自公告之日起经过60日即视为送达。提出答辩状的期限和举证的期限分别为公告期满后的15日和30日内。并定于举证期满后第3日上午9时在本院第一法庭公开开庭审理，逾期将依法缺席判决。

江苏省徐州市贾汪区人民法院

本院受理原告诉被告民间借贷纠纷一案，现依法向你公告送达起诉状副本、应诉通知书、举证通知书及开庭传票。自公告之日起经过60日即视为送达。提出答辩状的期限和举证的期限分别为公告期满后的15日和30日内。并定于举证期满后第3日上午9时在本院第一法庭公开开庭审理，逾期将依法缺席判决。

本院受理原告诉被告民间借贷纠纷一案，现依法向你公告送达起诉状副本、应诉通知书、举证通知书及开庭传票。自公告之日起经过60日即视为送达。提出答辩状的期限和举证的期限分别为公告期满后的15日和30日内。并定于举证期满后第3日上午9时在本院第一法庭公开开庭审理，逾期将依法缺席判决。

本院受理原告诉被告民间借贷纠纷一案，现依法向你公告送达起诉状副本、应诉通知书、举证通知书及开庭传票。自公告之日起经过60日即视为送达。提出答辩状的期限和举证的期限分别为公告期满后的15日和30日内。并定于举证期满后第3日上午9时在本院第一法庭公开开庭审理，逾期将依法缺席判决。

本院受理原告诉被告民间借贷纠纷一案，现依法向你公告送达起诉状副本、应诉通知书、举证通知书及开庭传票。自公告之日起经过60日即视为送达。提出答辩状的期限和举证的期限分别为公告期满后的15日和30日内。并定于举证期满后第3日上午9时在本院第一法庭公开开庭审理，逾期将依法缺席判决。

本院受理原告诉被告民间借贷纠纷一案，现依法向你公告送达起诉状副本、应诉通知书、举证通知书及开庭传票。自公告之日起经过60日即视为送达。提出答辩状的期限和举证的期限分别为公告期满后的15日和30日内。并定于举证期满后第3日上午9时在本院第一法庭公开开庭审理，逾期将依法缺席判决。

公告专栏

本院受理原告诉被告民间借贷纠纷一案，现依法向你公告送达起诉状副本、应诉通知书、举证通知书及开庭传票。自公告之日起经过60日即视为送达。提出答辩状的期限和举证的期限分别为公告期满后的15日和30日内。并定于举证期满后第3日上午9时在本院第一法庭公开开庭审理，逾期将依法缺席判决。

本院受理原告诉被告民间借贷纠纷一案，现依法向你公告送达起诉状副本、应诉通知书、举证通知书及开庭传票。自公告之日起经过60日即视为送达。提出答辩状的期限和举证的期限分别为公告期满后的15日和30日内。并定于举证期满后第3日上午9时在本院第一法庭公开开庭审理，逾期将依法缺席判决。

江苏省徐州市贾汪区人民法院

本院受理原告诉被告民间借贷纠纷一案，现依法向你公告送达起诉状副本、应诉通知书、举证通知书及开庭传票。自公告之日起经过60日即视为送达。提出答辩状的期限和举证的期限分别为公告期满后的15日和30日内。并定于举证期满后第3日上午9时在本院第一法庭公开开庭审理，逾期将依法缺席判决。

本院受理原告诉被告民间借贷纠纷一案，现依法向你公告送达起诉状副本、应诉通知书、举证通知书及开庭传票。自公告之日起经过60日即视为送达。提出答辩状的期限和举证的期限分别为公告期满后的15日和30日内。并定于举证期满后第3日上午9时在本院第一法庭公开开庭审理，逾期将依法缺席判决。

本院受理原告诉被告民间借贷纠纷一案，现依法向你公告送达起诉状副本、应诉通知书、举证通知书及开庭传票。自公告之日起经过60日即视为送达。提出答辩状的期限和举证的期限分别为公告期满后的15日和30日内。并定于举证期满后第3日上午9时在本院第一法庭公开开庭审理，逾期将依法缺席判决。

工伤认定申请受理告知书

本院受理原告诉被告民间借贷纠纷一案，现依法向你公告送达起诉状副本、应诉通知书、举证通知书及开庭传票。自公告之日起经过60日即视为送达。提出答辩状的期限和举证的期限分别为公告期满后的15日和30日内。并定于举证期满后第3日上午9时在本院第一法庭公开开庭审理，逾期将依法缺席判决。

本院受理原告诉被告民间借贷纠纷一案，现依法向你公告送达起诉状副本、应诉通知书、举证通知书及开庭传票。自公告之日起经过60日即视为送达。提出答辩状的期限和举证的期限分别为公告期满后的15日和30日内。并定于举证期满后第3日上午9时在本院第一法庭公开开庭审理，逾期将依法缺席判决。

本院受理原告诉被告民间借贷纠纷一案，现依法向你公告送达起诉状副本、应诉通知书、举证通知书及开庭传票。自公告之日起经过60日即视为送达。提出答辩状的期限和举证的期限分别为公告期满后的15日和30日内。并定于举证期满后第3日上午9时在本院第一法庭公开开庭审理，逾期将依法缺席判决。

本院受理原告诉被告民间借贷纠纷一案，现依法向你公告送达起诉状副本、应诉通知书、举证通知书及开庭传票。自公告之日起经过60日即视为送达。提出答辩状的期限和举证的期限分别为公告期满后的15日和30日内。并定于举证期满后第3日上午9时在本院第一法庭公开开庭审理，逾期将依法缺席判决。

江苏省徐州市贾汪区人民法院

本院受理原告诉被告民间借贷纠纷一案，现依法向你公告送达起诉状副本、应诉通知书、举证通知书及开庭传票。自公告之日起经过60日即视为送达。提出答辩状的期限和举证的期限分别为公告期满后的15日和30日内。并定于举证期满后第3日上午9时在本院第一法庭公开开庭审理，逾期将依法缺席判决。

本院受理原告诉被告民间借贷纠纷一案，现依法向你公告送达起诉状副本、应诉通知书、举证通知书及开庭传票。自公告之日起经过60日即视为送达。提出答辩状的期限和举证的期限分别为公告期满后的15日和30日内。并定于举证期满后第3日上午9时在本院第一法庭公开开庭审理，逾期将依法缺席判决。

本院受理原告诉被告民间借贷纠纷一案，现依法向你公告送达起诉状副本、应诉通知书、举证通知书及开庭传票。自公告之日起经过60日即视为送达。提出答辩状的期限和举证的期限分别为公告期满后的15日和30日内。并定于举证期满后第3日上午9时在本院第一法庭公开开庭审理，逾期将依法缺席判决。

工伤认定申请受理告知书

本院受理原告诉被告民间借贷纠纷一案，现依法向你公告送达起诉状副本、应诉通知书、举证通知书及开庭传票。自公告之日起经过60日即视为送达。提出答辩状的期限和举证的期限分别为公告期满后的15日和30日内。并定于举证期满后第3日上午9时在本院第一法庭公开开庭审理，逾期将依法缺席判决。

本院受理原告诉被告民间借贷纠纷一案，现依法向你公告送达起诉状副本、应诉通知书、举证通知书及开庭传票。自公告之日起经过60日即视为送达。提出答辩状的期限和举证的期限分别为公告期满后的15日和30日内。并定于举证期满后第3日上午9时在本院第一法庭公开开庭审理，逾期将依法缺席判决。

本院受理原告诉被告民间借贷纠纷一案，现依法向你公告送达起诉状副本、应诉通知书、举证通知书及开庭传票。自公告之日起经过60日即视为送达。提出答辩状的期限和举证的期限分别为公告期满后的15日和30日内。并定于举证期满后第3日上午9时在本院第一法庭公开开庭审理，逾期将依法缺席判决。

本院受理原告诉被告民间借贷纠纷一案，现依法向你公告送达起诉状副本、应诉通知书、举证通知书及开庭传票。自公告之日起经过60日即视为送达。提出答辩状的期限和举证的期限分别为公告期满后的15日和30日内。并定于举证期满后第3日上午9时在本院第一法庭公开开庭审理，逾期将依法缺席判决。

江苏省徐州市贾汪区人民法院

本院受理原告诉被告民间借贷纠纷一案，现依法向你公告送达起诉状副本、应诉通知书、举证通知书及开庭传票。自公告之日起经过60日即视为送达。提出答辩状的期限和举证的期限分别为公告期满后的15日和30日内。并定于举证期满后第3日上午9时在本院第一法庭公开开庭审理，逾期将依法缺席判决。

本院受理原告诉被告民间借贷纠纷一案，现依法向你公告送达起诉状副本、应诉通知书、举证通知书及开庭传票。自公告之日起经过60日即视为送达。提出答辩状的期限和举证的期限分别为公告期满后的15日和30日内。并定于举证期满后第3日上午9时在本院第一法庭公开开庭审理，逾期将依法缺席判决。

本院受理原告诉被告民间借贷纠纷一案，现依法向你公告送达起诉状副本、应诉通知书、举证通知书及开庭传票。自公告之日起经过60日即视为送达。提出答辩状的期限和举证的期限分别为公告期满后的15日和30日内。并定于举证期满后第3日上午9时在本院第一法庭公开开庭审理，逾期将依法缺席判决。

工伤认定申请受理告知书

本院受理原告诉被告民间借贷纠纷一案，现依法向你公告送达起诉状副本、应诉通知书、举证通知书及开庭传票。自公告之日起经过60日即视为送达。提出答辩状的期限和举证的期限分别为公告期满后的15日和30日内。并定于举证期满后第3日上午9时在本院第一法庭公开开庭审理，逾期将依法缺席判决。

本院受理原告诉被告民间借贷纠纷一案，现依法向你公告送达起诉状副本、应诉通知书、举证通知书及开庭传票。自公告之日起经过60日即视为送达。提出答辩状的期限和举证的期限分别为公告期满后的15日和30日内。并定于举证期满后第3日上午9时在本院第一法庭公开开庭审理，逾期将依法缺席判决。

本院受理原告诉被告民间借贷纠纷一案，现依法向你公告送达起诉状副本、应诉通知书、举证通知书及开庭传票。自公告之日起经过60日即视为送达。提出答辩状的期限和举证的期限分别为公告期满后的15日和30日内。并定于举证期满后第3日上午9时在本院第一法庭公开开庭审理，逾期将依法缺席判决。

本院受理原告诉被告民间借贷纠纷一案，现依法向你公告送达起诉状副本、应诉通知书、举证通知书及开庭传票。自公告之日起经过60日即视为送达。提出答辩状的期限和举证的期限分别为公告期满后的15日和30日内。并定于举证期满后第3日上午9时在本院第一法庭公开开庭审理，逾期将依法缺席判决。

江苏省徐州市贾汪区人民法院

本院受理原告诉被告民间借贷纠纷一案，现依法向你公告送达起诉状副本、应诉通知书、举证通知书及开庭传票。自公告之日起经过60日即视为送达。提出答辩状的期限和举证的期限分别为公告期满后的15日和30日内。并定于举证期满后第3日上午9时在本院第一法庭公开开庭审理，逾期将依法缺席判决。

本院受理原告诉被告民间借贷纠纷一案，现依法向你公告送达起诉状副本、应诉通知书、举证通知书及开庭传票。自公告之日起经过60日即视为送达。提出答辩状的期限和举证的期限分别为公告期满后的15日和30日内。并定于举证期满后第3日上午9时在本院第一法庭公开开庭审理，逾期将依法缺席判决。

本院受理原告诉被告民间借贷纠纷一案，现依法向你公告送达起诉状副本、应诉通知书、举证通知书及开庭传票。自公告之日起经过60日即视为送达。提出答辩状的期限和举证的期限分别为公告期满后的15日和30日内。并定于举证期满后第3日上午9时在本院第一法庭公开开庭审理，逾期将依法缺席判决。

工伤认定申请受理告知书

本院受理原告诉被告民间借贷纠纷一案，现依法向你公告送达起诉状副本、应诉通知书、举证通知书及开庭传票。自公告之日起经过60日即视为送达。提出答辩状的期限和举证的期限分别为公告期满后的15日和30日内。并定于举证期满后第3日上午9时在本院第一法庭公开开庭审理，逾期将依法缺席判决。

本院受理原告诉被告民间借贷纠纷一案，现依法向你公告送达起诉状副本、应诉通知书、举证通知书及开庭传票。自公告之日起经过60日即视为送达。提出答辩状的期限和举证的期限分别为公告期满后的15日和30日内。并定于举证期满后第3日上午9时在本院第一法庭公开开庭审理，逾期将依法缺席判决。

本院受理原告诉被告民间借贷纠纷一案，现依法向你公告送达起诉状副本、应诉通知书、举证通知书及开庭传票。自公告之日起经过60日即视为送达。提出答辩状的期限和举证的期限分别为公告期满后的15日和30日内。并定于举证期满后第3日上午9时在本院第一法庭公开开庭审理，逾期将依法缺席判决。

本院受理原告诉被告民间借贷纠纷一案，现依法向你公告送达起诉状副本、应诉通知书、举证通知书及开庭传票。自公告之日起经过60日即视为送达。提出答辩状的期限和举证的期限分别为公告期满后的15日和30日内。并定于举证期满后第3日上午9时在本院第一法庭公开开庭审理，逾期将依法缺席判决。

江苏省徐州市贾汪区人民法院

本院受理原告诉被告民间借贷纠纷一案，现依法向你公告送达起诉状副本、应诉通知书、举证通知书及开庭传票。自公告之日起经过60日即视为送达。提出答辩状的期限和举证的期限分别为公告期满后的15日和30日内。并定于举证期满后第3日上午9时在本院第一法庭公开开庭审理，逾期将依法缺席判决。

本院受理原告诉被告民间借贷纠纷一案，现依法向你公告送达起诉状副本、应诉通知书、举证通知书及开庭传票。自公告之日起经过60日即视为送达。提出答辩状的期限和举证的期限分别为公告期满后的15日和30日内。并定于举证期满后第3日上午9时在本院第一法庭公开开庭审理，逾期将依法缺席判决。

本院受理原告诉被告民间借贷纠纷一案，现依法向你公告送达起诉状副本、应诉通知书、举证通知书及开庭传票。自公告之日起经过60日即视为送达。提出答辩状的期限和举证的期限分别为公告期满后的15日和30日内。并定于举证期满后第3日上午9时在本院第一法庭公开开庭审理，逾期将依法缺席判决。

工伤认定申请受理告知书

本院受理原告诉被告民间借贷纠纷一案，现依法向你公告送达起诉状副本、应诉通知书、举证通知书及开庭传票。自公告之日起经过60日即视为送达。提出答辩状的期限和举证的期限分别为公告期满后的15日和30日内。并定于举证期满后第3日上午9时在本院第一法庭公开开庭审理，逾期将依法缺席判决。

本院受理原告诉被告民间借贷纠纷一案，现依法向你公告送达起诉状副本、应诉通知书、举证通知书及开庭传票。自公告之日起经过60日即视为送达。提出答辩状的期限和举证的期限分别为公告期满后的15日和30日内。并定于举证期满后第3日上午9时在本院第一法庭公开开庭审理，逾期将依法缺席判决。

本院受理原告诉被告民间借贷纠纷一案，现依法向你公告送达起诉状副本、应诉通知书、举证通知书及开庭传票。自公告之日起经过60日即视为送达。提出答辩状的期限和举证的期限分别为公告期满后的15日和30日内。并定于举证期满后第3日上午9时在本院第一法庭公开开庭审理，逾期将依法缺席判决。

本院受理原告诉被告民间借贷纠纷一案，现依法向你公告送达起诉状副本、应诉通知书、举证通知书及开庭传票。自公告之日起经过60日即视为送达。提出答辩状的期限和举证的期限分别为公告期满后的15日和30日内。并定于举证期满后第3日上午9时在本院第一法庭公开开庭审理，逾期将依法缺席判决。

江苏省徐州市贾汪区人民法院

本院受理原告诉被告民间借贷纠纷一案，现依法向你公告送达起诉状副本、应诉通知书、举证通知书及开庭传票。自公告之日起经过60日即视为送达。提出答辩状的期限和举证的期限分别为公告期满后的15日和30日内。并定于举证期满后第3日上午9时在本院第一法庭公开开庭审理，逾期将依法缺席判决。

本院受理原告诉被告民间借贷纠纷一案，现依法向你公告送达起诉状副本、应诉通知书、举证通知书及开庭传票。自公告之日起经过60日即视为送达。提出答辩状的期限和举证的期限分别为公告期满后的15日和30日内。并定于举证期满后第3日上午9时在本院第一法庭公开开庭审理，逾期将依法缺席判决。

本院受理原告诉被告民间借贷纠纷一案，现依法向你公告送达起诉状副本、应诉通知书、举证通知书及开庭传票。自公告之日起经过60日即视为送达。提出答辩状的期限和举证的期限分别为公告期满后的15日和30日内。并定于举证期满后第3日上午9时在本院第一法庭公开开庭审理，逾期将依法缺席判决。

工伤认定申请受理告知书

本院受理原告诉被告民间借贷纠纷一案，现依法向你公告送达起诉状副本、应诉通知书、举证通知书及开庭传票。自公告之日起经过60日即视为送达。提出答辩状的期限和举证的期限分别为公告期满后的15日和30日内。并定于举证期满后第3日上午9时在本院第一法庭公开开庭审理，逾期将依法缺席判决。

本院受理原告诉被告民间借贷纠纷一案，现依法向你公告送达起诉状副本、应诉通知书、举证通知书及开庭传票。自公告之日起经过60日即视为送达。提出答辩状的期限和举证的期限分别为公告期满后的15日和30日内。并定于举证期满后第3日上午9时在本院第一法庭公开开庭审理，逾期将依法缺席判决。

本院受理原告诉被告民间借贷纠纷一案，现依法向你公告送达起诉状副本、应诉通知书、举证通知书及开庭传票。自公告之日起经过60日即视为送达。提出答辩状的期限和举证的期限分别为公告期满后的15日和30日内。并定于举证期满后第3日上午9时在本院第一法庭公开开庭审理，逾期将依法缺席判决。

本院受理原告诉被告民间借贷纠纷一案，现依法向你公告送达起诉状副本、应诉通知书、举证通知书及开庭传票。自公告之日起经过60日即视为送达。提出答辩状的期限和举证的期限分别为公告期满后的15日和30日内。并定于举证期满后第3日上午9时在本院第一法庭公开开庭审理，逾期将依法缺席判决。

江苏省徐州市贾汪区人民法院

本院受理原告诉被告民间借贷纠纷一案，现依法向你公告送达起诉状副本、应诉通知书、举证通知书及开庭传票。自公告之日起经过60日即视为送达。提出答辩状的期限和举证的期限分别为公告期满后的15日和30日内。并定于举证期满后第3日上午9时在本院第一法庭公开开庭审理，逾期将依法缺席判决。

本院受理原告诉被告民间借贷纠纷一案，现依法向你公告送达起诉状副本、应诉通知书、举证通知书及开庭传票。自公告之日起经过60日即视为送达。提出答辩状的期限和举证的期限分别为公告期满后的15日和30日内。并定于举证期满后第3日上午9时在本院第一法庭公开开庭审理，逾期将依法缺席判决。

本院受理原告诉被告民间借贷纠纷一案，现依法向你公告送达起诉状副本、应诉通知书、举证通知书及开庭传票。自公告之日起经过60日即视为送达。提出答辩状的期限和举证的期限分别为公告期满后的15日和30日内。并定于举证期满后第3日上午9时在本院第一法庭公开开庭审理，逾期将依法缺席判决。

工伤认定申请受理告知书

本院受理原告诉被告民间借贷纠纷一案，现依法向你公告送达起诉状副本、应诉通知书、举证通知书及开庭传票。自公告之日起经过60日即视为送达。提出答辩状的期限和举证的期限分别为公告期满后的15日和30日内。并定于举证期满后第3日上午9时在本院第一法庭公开开庭审理，逾期将依法缺席判决。

本院受理原告诉被告民间借贷纠纷一案，现依法向你公告送达起诉状副本、应诉通知书、举证通知书及开庭传票。自公告之日起经过60日即视为送达。提出答辩状的期限和举证的期限分别为公告期满后的15日和30日内。并定于举证期满后第3日上午9时在本院第一法庭公开开庭审理，逾期将依法缺席判决。

本院受理原告诉被告民间借贷纠纷一案，现依法向你公告送达起诉状副本、应诉通知书、举证通知书及开庭传票。自公告之日起经过60日即视为送达。提出答辩状的期限和举证的期限分别为公告期满后的15日和30日内。并定于举证期满后第3日上午9时在本院第一法庭公开开庭审理，逾期将依法缺席判决。

本院受理原告诉被告民间借贷纠纷一案，现依法向你公告送达起诉状副本、应诉通知书、举证通知书及开庭传票。自公告之日起经过60日即视为送达。提出答辩状的期限和举证的期限分别为公告期满后的15日和30日内。并定于举证期满后第3日上午9时在本院第一法庭公开开庭审理，逾期将依法缺席判决。

江苏省徐州市贾汪区人民法院

本院受理原告诉被告民间借贷纠纷一案，现依法向你公告送达起诉状副本、应诉通知书、举证通知书及开庭传票。自公告之日起经过60日即视为送达。提出答辩状的期限和举证的期限分别为公告期满后的15日和30日内。并定于举证期满后第3日上午9时在本院第一法庭公开开庭审理，逾期将依法缺席判决。

本院受理原告诉被告民间借贷纠纷一案，现依法向你公告送达起诉状副本、应诉通知书、举证通知书及开庭传票。自公告之日起经过60日即视为送达。提出答辩状的期限和举证的期限分别为公告期满后的15日和30日内。并定于举证期满后第3日上午9时在本院第一法庭公开开庭审理，逾期将依法缺席判决。

本院受理原告诉被告民间借贷纠纷一案，现依法向你公告送达起诉状副本、应诉通知书、举证通知书及开庭传票。自公告之日起经过60日即视为送达。提出答辩状的期限和举证的期限分别为公告期满后的15日和30日内。并定于举证期满后第3日上午9时在本院第一法庭公开开庭审理，逾期将依法缺席判决。

工伤认定申请受理告知书

本院受理原告诉被告民间借贷纠纷一案，现依法向你公告送达起诉状副本、应诉通知书、举证通知书及开庭传票。自公告之日起经过60日即视为送达。提出答辩状的期限和举证的期限分别为公告期满后的15日和30日内。并定于举证期满后第3日上午9时在本院第一法庭公开开庭审理，逾期将依法缺席判决。

本院受理原告诉被告民间借贷纠纷一案，现依法向你公告送达起诉状副本、应诉通知书、举证通知书及开庭传票。自公告之日起经过60日即视为送达。提出答辩状的期限和举证的期限分别为公告期满后的15日和30日内。并定于举证期满后第3日上午9时在本院第一法庭公开开庭审理，逾期将依法缺席判决。

本院受理原告诉被告民间借贷纠纷一案，现依法向你公告送达起诉状副本、应诉通知书、举证通知书及开庭传票。自公告之日起经过60日即视为送达。提出答辩状的期限和举证的期限分别为公告期满后的15日和30日内。并定于举证期满后第3日上午9时在本院第一法庭公开开庭审理，逾期将依法缺席判决。

本院受理原告诉被告民间借贷纠纷一案，现依法向你公告送达起诉状副本、应诉通知书、举证通知书及开庭传票。自公告之日起经过60日即视为送达。提出答辩状的期限和举证的期限分别为公告期满后的15日和30日内。并定于举证期满后第3日上午9时在本院第一法庭公开开庭审理，逾期将依法缺席判决。

江苏省徐州市贾汪区人民法院

本院受理原告诉被告民间借贷纠纷一案，现依法向你公告送达起诉状副本、应诉通知书、举证通知书及开庭传票。自公告之日起经过60日即视为送达。提出答辩状的期限和举证的期限分别为公告期满后的15日和30日内。并定于举证期满后第3日上午9时在本院第一法庭公开开庭审理，逾期将依法缺席判决。

本院受理原告诉被告民间借贷纠纷一案，现依法向你公告送达起诉状副本、应诉通知书、举证通知书及开庭传票。自公告之日起经过60日即视为送达。提出答辩状的期限和举证的期限分别为公告期满后的15日和30日内。并定于举证期满后第3日上午9时在本院第一法庭公开开庭审理，逾期将依法缺席判决。

本院受理原告诉被告民间借贷纠纷一案，现依法向你公告送达起诉状副本、应诉通知书、举证通知书及开庭传票。自公告之日起经过60日即视为送达。提出答辩状的期限和举证的期限分别为公告期满后的15日和30日内。并定于举证期满后第3日上午9时在本院第一法庭公开开庭审理，逾期将依法缺席判决。

工伤认定申请受理告知书

本院受理原告诉被告民间借贷纠纷一案，现依法向你公告送达起诉状副本、应诉通知书、举证通知书及开庭传票。自公告之日起经过60日即视为送达。提出答辩状的期限和举证的期限分别为公告期满后的15日和30日内。并定于举证期满后第3日上午9时在本院第一法庭公开开庭审理，逾期将依法缺席判决。

公告专栏

本院受理原告诉被告民间借贷纠纷一案，现依法向你公告送达起诉状副本、应诉通知书、举证通知书及开庭传票。自公告之日起经过60日即视为送达。提出答辩状的期限和举证的期限分别为公告期满后的15日和30日内。并定于举证期满后第3日上午9时在本院第一法庭公开开庭审理，逾期将依法缺席判决。

江苏省徐州市贾汪区人民法院

本院受理原告诉被告民间借贷纠纷一案，现依法向你公告送达起诉状副本、应诉通知书、举证通知书及开庭传票。自公告之日起经过60日即视为送达。提出答辩状的期限和举证的期限分别为公告期满后的15日和30日内。并定于举证期满后第3日上午9时在本院第一法庭公开开庭审理，逾期将依法缺席判决。

本院受理原告诉被告民间借贷纠纷一案，现依法向你公告送达起诉状副本、应诉通知书、举证通知书及开庭传票。自公告之日起经过60日即视为送达。提出答辩状的期限和举证的期限分别为公告期满后的15日和30日内。并定于举证期满后第3日上午9时在本院第一法庭公开开庭审理，逾期将依法缺席判决。

本院受理原告诉被告民间借贷纠纷一案，现依法向你公告送达起诉状副本、应诉通知书、举证通知书及开庭传票。自公告之日起经过60日即视为送达。提出答辩状的期限和举证的期限分别为公告期满后的15日和30日内。并定于举证期满后第3日上午9时在本院第一法庭公开开庭审理，逾期将依法缺席判决。

工伤认定申请受理告知书

本院受理原告诉被告民间借贷纠纷一案，现依法向你公告送达起诉状副本、应诉通知书、举证通知书及开庭传票。自公告之日起经过60日即视为送达。提出答辩状的期限和举证的期限分别为公告期满后的15日和30日内。并定于举证期满后第3日上午9时在本院第一法庭公开开庭审理，逾期将依法缺席判决。

本院受理原告诉被告民间借贷纠纷一案，现依法向你公告送达起诉状副本、应诉通知书、举证通知书及开庭传票。自公告之日起经过60日即视为送达。提出答辩状的期限和举证的期限分别为公告期满后的15日和30日内。并定于举证期满后第3日上午9时在本院第一法庭公开开庭审理，逾期将依法缺席判决。

本院受理原告诉被告民间借贷纠纷一案，现依法向你公告送达起诉状副本、应诉通知书、举证通知书及开庭传票。自公告之日起经过60日即视为送达。提出答辩状的期限和举证的期限分别为公告期满后的15日和30日内。并定于举证期满后第3日上午9时在本院第一法庭公开开庭审理，逾期将依法缺席判决。

本院受理原告诉被告民间借贷纠纷一案，现依法向你公告送达起诉状副本、应诉通知书、举证通知书及开庭传票。自公告之日起经过60日即视为送达。提出答辩状的期限和举证的期限分别为公告期满后的15日和30日内。并定于举证期满后第3日上午9时在本院第一法庭公开开庭审理，逾期将依法缺席判决。

江苏省徐州市贾汪区人民法院

本院受理原告诉被告民间借贷纠纷一案，现依法向你公告送达起诉状副本、应诉通知书、举证通知书及开庭传票。自公告之日起经过60日即视为送达。提出答辩状的期限和举证的期限分别为公告期满后的15日和30日内。并定于举证期满后第3日上午9时在本院第一法庭公开开庭审理，逾期将依法缺席判决。

本院受理原告诉被告民间借贷纠纷一案，现依法向你公告送达起诉状副本、应诉通知书、举证通知书及开庭传票。自公告之日起经过60日即视为送达。提出答辩状的期限和举证的期限分别为公告期满后的15日和30日内。并定于举证期满后第3日上午9时在本院第一法庭公开开庭审理，逾期将依法缺席判决。

本院受理原告诉被告民间借贷纠纷一案，现依法向你公告送达起诉状副本、应诉通知书、举证通知书及开庭传票。自公告之日起经过60日即视为送达。提出答辩状的期限和举证的期限分别为公告期满后的15日和30日内。并定于举证期满后第3日上午9时在本院第一法庭公开开庭审理，逾期将依法缺席判决。

工伤认定申请受理告知书

本院受理原告诉被告民间借贷纠纷一案，现依法向你公告送达起诉状副本、应诉通知书、举证通知书及开庭传票。自公告之日起经过60日即视为送达。提出答辩状的期限和举证的期限分别为公告期满后的15日和30日内。并定于举证期满后第3日上午9时在本院第一法庭公开开庭审理，逾期将依法缺席判决。

本院受理原告诉被告民间借贷纠纷一案，现依法向你公告送达起诉状副本、应诉通知书、举证通知书及开庭传票。自公告之日起经过60日即视为送达。提出答辩状的期限和举证的期限分别为公告期满后的15日和30日内。并定于举证期满后第3日上午9时在本院第一法庭公开开庭审理，逾期将依法缺席判决。

本院受理原告诉被告民间借贷纠纷一案，现依法向你公告送达起诉状副本、应诉通知书、举证通知书及开庭传票。自公告之日起经过60日即视为送达。提出答辩状的期限和举证的期限分别为公告期满后的15日和30日内。并定于举证期满后第3日上午9时在本院第一法庭公开开庭审理，逾期将依法缺席判决。

本院受理原告诉被告民间借贷纠纷一案，现依法向你公告送达起诉状副本、应诉通知书、举证通知书及开庭传票。自公告之日起经过60日即视为送达。提出答辩状的期限和举证的期限分别为公告期满后的15日和30日内。并定于举证期满后第3日上午9时在本院第一法庭公开开庭审理，逾期将依法缺席判决。

江苏省徐州市贾汪区人民法院

本院受理原告诉被告民间借贷纠纷一案，现依法向你公告送达起诉状副本、应诉通知书、举证通知书及开庭传票。自公告之日起经过60日即视为送达。提出答辩状的期限和举证的期限分别为公告期满后的15日和30日内。并定于举证期满后第3日上午9时在本院第一法庭公开开庭审理，逾期将依法缺席判决。

本院受理原告诉被告民间借贷纠纷一案，现依法向你公告送达起诉状副本、应诉通知书、举证通知书及开庭传票。自公告之日起经过60日即视为送达。提出答辩状的期限和举证的期限分别为公告期满后的15日和30日内。并定于举证期满后第3日上午9时在本院第一法庭公开开庭审理，逾期将依法缺席判决。

本院受理原告诉被告民间借贷纠纷一案，现依法向你公告送达起诉状副本、应诉通知书、举证通知书及开庭传票。自公告之日起经过60日即视为送达。提出答辩状的期限和举证的期限分别为公告期满后的15日和30日内。并定于举证期满后第3日上午9时在本院第一法庭公开开庭审理，逾期将依法缺席判决。

工伤认定申请受理告知书

本院受理原告诉被告民间借贷纠纷一案，现依法向你公告送达起诉状副本、应诉通知书、举证通知书及开庭传票。自公告之日起经过60日即视为送达。提出答辩状的期限和举证的期限分别为公告期满后的15日和30日内。并定于举证期满后第3日上午9时在本院第一法庭公开开庭审理，逾期将依法缺席判决。

本院受理原告诉被告民间借贷纠纷一案，现依法向你公告送达起诉状副本、应诉通知书、举证通知书及开庭传票。自公告之日起经过60日即视为送达。提出答辩状的期限和举证的期限分别为公告期满后的15日和30日内。并定于举证期满后第3日上午9时在本院第一法庭公开开庭审理，逾期将依法缺席判决。

本院受理原告诉被告民间借贷纠纷一案，现依法向你公告送达起诉状副本、应诉通知书、举证通知书及开庭传票。自公告之日起经过60日即视为送达。提出答辩状的期限和举证的期限分别为公告期满后的15日和30日内。并定于举证期满后第3日上午9时在本院第一法庭公开开庭审理，逾期将依法缺席判决。

本院受理原告诉被告民间借贷纠纷一案，现依法向你公告送达起诉状副本、应诉通知书、举证通知书及开庭传票。自公告之日起经过60日即视为送达。提出答辩状的期限和举证的期限分别为公告期满后的15日和30日内。并定于举证期满后第3日上午9时在本院第一法庭公开开庭审理，逾期将依法缺席判决。

江苏省徐州市贾汪区人民法院

本院受理原告诉被告民间借贷纠纷一案，现依法向你公告送达起诉状副本、应诉通知书、举证通知书及开庭传票。自公告之日起经过60日即视为送达。提出答辩状的期限和举证的期限分别为公告期满后的15日和30日内。并定于举证期满后第3日上午9时在本院第一法庭公开开庭审理，逾期将依法缺席判决。

本院受理原告诉被告民间借贷纠纷一案，现依法向你公告送达起诉状副本、应诉通知书、举证通知书及开庭传票。自公告之日起经过60日即视为送达。提出答辩状的期限和举证的期限分别为公告期满后的15日和30日内。并定于举证期满后第3日上午9时在本院第一法庭公开开庭审理，逾期将依法缺席判决。

本院受理原告诉被告民间借贷纠纷一案，现依法向你公告送达起诉状副本、应诉通知书、举证通知书及开庭传票。自公告之日起经过60日即视为送达。提出答辩状的期限和举证的期限分别为公告期满后的15日和30日内。并定于举证期满后第3日上午9时在本院第一法庭公开开庭审理，逾期将依法缺席判决。

工伤认定申请受理告知书

本院受理原告诉被告民间借贷纠纷一案，现依法向你公告送达起诉状副本、应诉通知书、举证通知书及开庭传票。自公告之日起经过60日即视为送达。提出答辩状的期限和举证的期限分别为公告期满后的15日和30日内。并定于举证期满后第3日上午9时在本院第一法庭公开开庭审理，逾期将依法缺席判决。

本院受理原告诉被告民间借贷纠纷一案，现依法向你公告送达起诉状副本、应诉通知书、举证通知书及开庭传票。自公告之日起经过60日即视为送达。提出答辩状的期限和举证的期限分别为公告期满后的15日和30日内。并定于举证期满后第3日上午9时在本院第一法庭公开开庭审理，逾期将依法缺席判决。

本院受理原告诉被告民间借贷纠纷一案，现依法向你公告送达起诉状副本、应诉通知书、举证通知书及开庭传票。自公告之日起经过60日即视为送达。提出答辩状的期限和举证的期限分别为公告期满后的15日和30日内。并定于举证期满后第3日上午9时在本院第一法庭公开开庭审理，逾期将依法缺席判决。

本院受理原告诉被告民间借贷纠纷一案，现依法向你公告送达起诉状副本、应诉通知书、举证通知书及开庭传票。自公告之日起经过60日即视为送达。提出答辩状的期限和举证的期限分别为公告期满后的15日和30日内。并定于举证期满后第3日上午9时在本院第一法庭公开开庭审理，逾期将依法缺席判决。

江苏省徐州市贾汪区人民法院

本院受理原告诉被告民间借贷纠纷一案，现依法向你公告送达起诉状副本、应诉通知书、举证通知书及开庭传票。自公告之日起经过60日即视为送达。提出答辩状的期限和举证的期限分别为公告期满后的15日和30日内。并定于举证期满后第3日上午9时在本院第一法庭公开开庭审理，逾期将依法缺席判决。

本院受理原告诉被告民间借贷纠纷一案，现依法向你公告送达起诉状副本、应诉通知书、举证通知书及开庭传票。自公告之日起经过60日即视为送达。提出答辩状的期限和举证的期限分别为公告期满后的15日和30日内。并定于举证期满后第3日上午9时在本院第一法庭公开开庭审理，逾期将依法缺席判决。

本院受理原告诉被告民间借贷纠纷一案，现依法向你公告送达起诉状副本、应诉通知书、举证通知书及开庭传票。自公告之日起经过60日即视为送达。提出答辩状的期限和举证的期限分别为公告期满后的15日和30日内。并定于举证期满后第3日上午9时在本院第一法庭公开开庭审理，逾期将依法缺席判决。

工伤认定申请受理告知书

本院受理原告诉被告民间借贷纠纷一案，现依法向你公告送达起诉状副本、应诉通知书、举证通知书及开庭传票。自公告之日起经过60日即视为送达。提出答辩状的期限和举证的期限分别为公告期满后的15日和30日内。并定于举证期满后第3日上午9时在本院第一法庭公开开庭审理，逾期将依法缺席判决。

本院受理原告诉被告民间借贷纠纷一案，现依法向你公告送达起诉状副本、应诉通知书、举证通知书及开庭传票。自公告之日起经过60日即视为送达。提出答辩状的期限和举证的期限分别为公告期满后的15日和30日内。并定于举证期满后第3日上午9时在本院第一法庭公开开庭审理，逾期将依法缺席判决。

本院受理原告诉被告民间借贷纠纷一案，现依法向你公告送达起诉状副本、应诉通知书、举证通知书及开庭传票。自公告之日起经过60日即视为送达。提出答辩状的期限和举证的期限分别为公告期满后的15日和30日内。并定于举证期满后第3日上午9时在本院第一法庭公开开庭审理，逾期将依法缺席判决。

本院受理原告诉被告民间借贷纠纷一案，现依法向你公告送达起诉状副本、应诉通知书、举证通知书及开庭传票。自公告之日起经过60日即视为送达。提出答辩状的期限和举证的期限分别为公告期满后的15日和30日内。并定于举证期满后第3日上午9时在本院第一法庭公开开庭审理，逾期将依法缺席判决。

江苏省徐州市贾汪区人民法院

本院受理原告诉被告民间借贷纠纷一案，现依法向你公告送达起诉状副本、应诉通知书、举证通知书及开庭传票。自公告之日起经过60日即视为送达。提出答辩状的期限和举证的期限分别为公告期满后的15日和30日内。并定于举证期满后第3日上午9时在本院第一法庭公开开庭审理，逾期将依法缺席判决。

本院受理原告诉被告民间借贷纠纷一案，现依法向你公告送达起诉状副本、应诉通知书、举证通知书及开庭传票。自公告之日起经过60日即视为送达。提出答辩状的期限和举证的期限分别为公告期满后的15日和30日内。并定于举证期满后第3日上午9时在本院第一法庭公开开庭审理，逾期将依法缺席判决。

本院受理原告诉被告民间借贷纠纷一案，现依法向你公告送达起诉状副本、应诉通知书、举证通知书及开庭传票。自公告之日起经过60日即视为送达。提出答辩状的期限和举证的期限分别为公告期满后的15日和30日内。并定于举证期满后第3日上午9时在本院第一法庭公开开庭审理，逾期将依法缺席判决。

工伤认定申请受理告知书

本院受理原告诉被告民间借贷纠纷一案，现依法向你公告送达起诉状副本、应诉通知书、举证通知书及开庭传票。自公告之日起经过60日即视为送达。提出答辩状的期限和举证的期限分别为公告期满后的15日和30日内。并定于举证期满后第3日上午9时在本院第一法庭公开开庭审理，逾期将依法缺席判决。

本院受理原告诉被告民间借贷纠纷一案，现依法向你公告送达起诉状副本、应诉通知书、举证通知书及开庭传票。自公告之日起经过60日即视为送达。提出答辩状的期限和举证的期限分别为公告期满后的15日和30日内。并定于举证期满后第3日上午9时在本院第一法庭公开开庭审理，逾期将依法缺席判决。

本院受理原告诉被告民间借贷纠纷一案，现依法向你公告送达起诉状副本、应诉通知书、举证通知书及开庭传票。自公告之日起经过60日即视为送达。提出答辩状的期限和举证的期限分别为公告期满后的15日和30日内。并定于举证期满后第3日上午9时在本院第一法庭公开开庭审理，逾期将依法缺席判决。

本院受理原告诉被告民间借贷纠纷一案，现依法向你公告送达起诉状副本、应诉通知书、举证通知书及开庭传票。自公告之日起经过60日即视为送达。提出答辩状的期限和举证的期限分别为公告期满后的15日和30日内。并定于举证期满后第3日上午9时在本院第一法庭公开开庭审理，逾期将依法缺席判决。

江苏省徐州市贾汪区人民法院

本院受理原告诉被告民间借贷纠纷一案，现依法向你公告送达起诉状副本、应诉通知书、举证通知书及开庭传票。自公告之日起经过60日即视为送达。提出答辩状的期限和举证的期限分别为公告期满后的15日和30日内。并定于举证期满后第3日上午9时在本院第一法庭公开开庭审理，逾期将依法缺席判决。

本院受理原告诉被告民间借贷纠纷一案，现依法向你公告送达起诉状副本、应诉通知书、举证通知书及开庭传票。自公告之日起经过60日即视为送达。提出答辩状的期限和举证的期限分别为公告期满后的15日和30日内。并定于举证期满后第3日上午9时在本院第一法庭公开开庭审理，逾期将依法缺席判决。

本院受理原告诉被告民间借贷纠纷一案，现依法向你公告送达起诉状副本、应诉通知书、举证通知书及开庭传票。自公告之日起经过60日即视为送达。提出答辩状的期限和举证的期限分别为公告期满后的15日和30日内。并定于举证期满后第3日上午9时在本院第一法庭公开开庭审理，逾期将依法缺席判决。

工伤认定申请受理告知书

本院受理原告诉被告民间借贷纠纷一案，现依法向你公告送达起诉状副本、应诉通知书、举证通知书及开庭传票。自公告之日起经过60日即视为送达。提出答辩状的期限和举证的期限分别为公告期满后的15日和30日内。并定于举证期满后第3日上午9时在本院第一法庭公开开庭审理，逾期将依法缺席判决。

本院受理原告诉被告民间借贷纠纷一案，现依法向你公告送达起诉状副本、应诉通知书、举证通知书及开庭传票。自公告之日起经过60日即视为送达。提出答辩状的期限和举证的期限分别为公告期满后的15日和30日内。并定于举证期满后第3日上午9时在本院第一法庭公开开庭审理，逾期将依法缺席判决。

本院受理原告诉被告民间借贷纠纷一案，现依法向你公告送达起诉状副本、应诉通知书、举证通知书及开庭传票。自公告之日起经过60日即视为送达。提出答辩状的期限和举证的期限分别为公告期满后的15日和30日内。并定于举证期满后第3日上午9时在本院第一法庭公开开庭审理，逾期将依法缺席判决。

本院受理原告诉被告民间借贷纠纷一案，现依法向你公告送达起诉状副本、应诉通知书、举证通知书及开庭传票。自公告之日起经过60日即视为送达。提出答辩状的期限和举证的期限分别为公告期满后的15日和30日内。并定于举证期满后第3日上午9时在本院第一法庭公开开庭审理，逾期将依法缺席判决。

江苏省徐州市贾汪区人民法院

本院受理原告诉被告民间借贷纠纷一案，现依法向你公告送达起诉状副本、应诉通知书、举证通知书及开庭传票。自公告之日起经过60日即视为送达。提出答辩状的期限和举证的期限分别为公告期满后的15日和30日内。并定于举证期满后第3日上午9时在本院第一法庭公开开庭审理，逾期将依法缺席判决。

本院受理原告诉被告民间借贷纠纷一案，现依法向你公告送达起诉状副本、应诉通知书、举证通知书及开庭传票。自公告之日起经过60日即视为送达。提出答辩状的期限和举证的期限分别为公告期满后的15日和30日内。并定于举证期满后第3日上午9时在本院第一法庭公开开庭审理，逾期将依法缺席判决。

本院受理原告诉被告民间借贷纠纷一案，现依法向你公告送达起诉状副本、应诉通知书、举证通知书及开庭传票。自公告之日起经过60日即视为送达。提出答辩状的期限和举证的期限分别为公告期满后的15日和30日内。并定于举证期满后第3日上午9时在本院第一法庭公开开庭审理，逾期将依法缺席判决。

工伤认定申请受理告知书

本院受理原告诉被告民间借贷纠纷一案，现依法向你公告送达起诉状副本、应诉通知书、举证通知书及开庭传票。自公告之日起经过60日即视为送达。提出答辩状的期限和举证的期限分别为公告期满后的15日和30日内。并定于举证期满后第3日上午9时在本院第一法庭公开开庭审理，逾期将依法缺席判决。

本院受理原告诉被告民间借贷纠纷一案，现依法向你公告送达起诉状副本、应诉通知书、举证通知书及开庭传票。自公告之日起经过60日即视为送达。提出答辩状的期限和举证的期限分别为公告期满后的15日和30日内。并定于举证期满后第3日上午9时在本院第一法庭公开开庭审理，逾期将依法缺席判决。

本院受理原告诉被告民间借贷纠纷一案，现依法向你公告送达起诉状副本、应诉通知书、举证通知书及开庭传票。自公告之日起经过60日即视为送达。提出答辩状的期限和举证的期限分别为公告期满后的15日和30日内。并定于举证期满后第3日上午9时在本院第一法庭公开开庭审理，逾期将依法缺席判决。

本院受理原告诉被告民间借贷纠纷一案，现依法向你公告送达起诉状副本、应诉通知书、举证通知书及开庭传票。自公告之日起经过60日即视为送达。提出答辩状的期限和举证的期限分别为公告期满后的15日和30日内。并定于举证期满后第3日上午9时在本院第一法庭公开开庭审理，逾期将依法缺席判决。

江苏省徐州市贾汪区人民法院

本院受理原告诉被告民间借贷纠纷一案，现依法向你公告送达起诉状副本、应诉通知书、举证通知书及开庭传票。自公告之日起经过60日即视为送达。提出答辩状的期限和举证的期限分别为公告期满后的15日和30日内。并定于举证期满后第3日上午9时在本院第一法庭公开开庭审理，逾期将依法缺席判决。

本院受理原告诉被告民间借贷纠纷一案，现依法向你公告送达起诉状副本、应诉通知书、举证通知书及开庭传票。自公告之日起经过60日即视为送达。提出答辩状的期限和举证的期限分别为公告期满后的15日和30日内。并定于举证期满后第3日上午9时在本院第一法庭公开开庭审理，逾期将依法缺席判决。

本院受理原告诉被告民间借贷纠纷一案，现依法向你公告送达起诉状副本、应诉通知书、举证通知书及开庭传票。自公告之日起经过60日即视为送达。提出答辩状的期限和举证的期限分别为公告期满后的15日和30日内。并定于举证期满后第3日上午9时在本院第一法庭公开开庭审理，逾期将依法缺席判决。

工伤认定申请受理告知书

本院受理原告诉被告民间借贷纠纷一案，现依法向你公告送达起诉状副本、应诉通知书、举证通知书及开庭传票。自公告之日起经过60日即视为送达。提出答辩状的期限和举证的期限分别为公告期满后的15日和30日内。并定于举证期满后第3日上午9时在本院第一法庭公开开庭审理，逾期将依法缺席判决。

本院受理原告诉被告民间借贷纠纷一案，现依法向你公告送达起诉状副本、应诉通知书、举证通知书及开庭传票。自公告之日起经过60日即视为送达。提出答辩状的期限和举证的期限分别为公告期满后的15日和30日内。并定于举证期满后第3日上午9时在本院第一法庭公开开庭审理，逾期将依法缺席判决。

公告专栏

江苏省徐州市贾汪区人民法院

本院受理原告诉被告民间借贷纠纷一案，现依法向你公告送达起诉状副本、应诉通知书、举证通知书及开庭传票。自公告之日起经过60日即视为送达。提出答辩状的期限和举证的期限分别为公告期满后的15日和30日内。并定于举证期满后第3日上午9时在本院第一法庭公开开庭审理，逾期将依法缺席判决。

本院受理原告诉被告民间借贷纠纷一案，现依法向你公告送达起诉状副本、应诉通知书、举证通知书及开庭传票。自公告之日起经过60日即视为送达。提出答辩状的期限和举证的期限分别为公告期满后的15日和30日内。并定于举证期满后第3日上午9时在本院第一法庭公开开庭审理，逾期将依法缺席判决。

本院受理原告诉被告民间借贷纠纷一案，现依法向你公告送达起诉状副本、应诉通知书、举证通知书及开庭传票。自公告之日起经过60日即视为送达。提出答辩状的期限和举证的期限分别为公告期满后的15日和30日内。并定于举证期满后第3日上午9时在本院第一法庭公开开庭审理，逾期将依法缺席判决。

本院受理原告诉被告民间借贷纠纷一案，现依法向你公告送达起诉状副本、应诉通知书、举证通知书及开庭传票。自公告之日起经过60日即视为送达。提出答辩状的期限和举证的期限分别为公告期满后的15日和30日内。并定于举证期满后第3日上午9时在本院第一法庭公开开庭审理，逾期将依法缺席判决。

本院受理原告诉被告民间借贷纠纷一案，现依法向你公告送达起诉状副本、应诉通知书、举证通知书及开庭传票。自公告之日起经过60日即视为送达。提出答辩状的期限和举证的期限分别为公告期满后的15日和30日内。并定于举证期满后第3日上午9时在本院第一法庭公开开庭审理，逾期将依法缺席判决。

本院受理原告诉被告民间借贷纠纷一案，现依法向你公告送达起诉状副本、应诉通知书、举证通知书及开庭传票。自公告之日起经过60日即视为送达。提出答辩状的期限和举证的期限分别为公告期满后的15日和30日内。并定于举证期满后第3日上午9时在本院第一法庭公开开庭审理，逾期将依法缺席判决。

本院受理原告诉被告民间借贷纠纷一案，现依法向你公告送达起诉状副本、应诉通知书、举证通知书及开庭传票。自公告之日起经过60日即视为送达。提出答辩状的期限和举证的期限分别为公告期满后的15日和30日内。并定于举证期满后第3日上午9时在本院第一法庭公开开庭审理，逾期将依法缺席判决。

本院受理原告诉被告民间借贷纠纷一案，现依法向你公告送达起诉状副本、应诉通知书、举证通知书及开庭传票。自公告之日起经过60日即视为送达。提出答辩状的期限和举证的期限分别为公告期满后的15日和30日内。并定于举证期满后第3日上午9时在本院第一法庭公开开庭审理，逾期将依法缺席判决。

江苏省徐州市贾汪区人民法院

本院受理原告诉被告民间借贷纠纷一案，现依法向你公告送达起诉状副本、应诉通知书、举证通知书及开庭传票。自公告之日起经过60日即视为送达。提出答辩状的期限和举证的期限分别为公告期满后的15日和30日内。并定于举证期满后第3日上午9时在本院第一法庭公开开庭审理，逾期将依法缺席判决。

本院受理原告诉被告民间借贷纠纷一案，现依法向你公告送达起诉状副本、应诉通知书、举证通知书及开庭传票。自公告之日起经过60日即视为送达。提出答辩状的期限和举证的期限分别为公告期满后的15日和30日内。并定于举证期满后第3日上午9时在本院第一法庭公开开庭审理，逾期将依法缺席判决。

本院受理原告诉被告民间借贷纠纷一案，现依法向你公告送达起诉状副本、应诉通知书、举证通知书及开庭传票。自公告之日起经过60日即视为送达。提出答辩状的期限和举证的期限分别为公告期满后的15日和30日内。并定于举证期满后第3日上午9时在本院第一法庭公开开庭审理，逾期将依法缺席判决。

本院受理原告诉被告民间借贷纠纷一案，现依法向你公告送达起诉状副本、应诉通知书、举证通知书及开庭传票。自公告之日起经过60日即视为送达。提出答辩状的期限和举证的期限分别为公告期满后的15日和30日内。并定于举证期满后第3日上午9时在本院第一法庭公开开庭审理，逾期将依法缺席判决。

本院受理原告诉被告民间借贷纠纷一案，现依法向你公告送达起诉状副本、应诉通知书、举证通知书及开庭传票。自公告之日起经过60日即视为送达。提出答辩状的期限和举证的期限分别为公告期满后的15日和30日内。并定于举证期满后第3日上午9时在本院第一法庭公开开庭审理，逾期将依法缺席判决。

本院受理原告诉被告民间借贷纠纷一案，现依法向你公告送达起诉状副本、应诉通知书、举证通知书及开庭传票。自公告之日起经过60日即视为送达。提出答辩状的期限和举证的期限分别为公告期满后的15日和30日内。并定于举证期满后第3日上午9时在本院第一法庭公开开庭审理，逾期将依法缺席判决。

本院受理原告诉被告民间借贷纠纷一案，现依法向你公告送达起诉状副本、应诉通知书、举证通知书及开庭传票。自公告之日起经过60日即视为送达。提出答辩状的期限和举证的期限分别为公告期满后的15日和30日内。并定于举证期满后第3日上午9时在本院第一法庭公开开庭审理，逾期将依法缺席判决。

本院受理原告诉被告民间借贷纠纷一案，现依法向你公告送达起诉状副本、应诉通知书、举证通知书及开庭传票。自公告之日起经过60日即视为送达。提出答辩状的期限和举证的期限分别为公告期满后的15日和30日内。并定于举证期满后第3日上午9时在本院第一法庭公开开庭审理，逾期将依法缺席判决。

江苏省徐州市贾汪区人民法院

本院受理原告诉被告民间借贷纠纷一案，现依法向你公告送达起诉状副本、应诉通知书、举证通知书及开庭传票。自公告之日起经过60日即视为送达。提出答辩状的期限和举证的期限分别为公告期满后的15日和30日内。并定于举证期满后第3日上午9时在本院第一法庭公开开庭审理，逾期将依法缺席判决。

本院受理原告诉被告民间借贷纠纷一案，现依法向你公告送达起诉状副本、应诉通知书、举证通知书及开庭传票。自公告之日起经过60日即视为送达。提出答辩状的期限和举证的期限分别为公告期满后的15日和30日内。并定于举证期满后第3日上午9时在本院第一法庭公开开庭审理，逾期将依法缺席判决。

本院受理原告诉被告民间借贷纠纷一案，现依法向你公告送达起诉状副本、应诉通知书、举证通知书及开庭传票。自公告之日起经过60日即视为送达。提出答辩状的期限和举证的期限分别为公告期满后的15日和30日内。并定于举证期满后第3日上午9时在本院第一法庭公开开庭审理，逾期将依法缺席判决。

本院受理原告诉被告民间借贷纠纷一案，现依法向你公告送达起诉状副本、应诉通知书、举证通知书及开庭传票。自公告之日起经过60日即视为送达。提出答辩状的期限和举证的期限分别为公告期满后的15日和30日内。并定于举证期满后第3日上午9时在本院第一法庭公开开庭审理，逾期将依法缺席判决。

本院受理原告诉被告民间借贷纠纷一案，现依法向你公告送达起诉状副本、应诉通知书、举证通知书及开庭传票。自公告之日起经过60日即视为送达。提出答辩状的期限和举证的期限分别为公告期满后的15日和30日内。并定于举证期满后第3日上午9时在本院第一法庭公开开庭审理，逾期将依法缺席判决。

本院受理原告诉被告民间借贷纠纷一案，现依法向你公告送达起诉状副本、应诉通知书、举证通知书及开庭传票。自公告之日起经过60日即视为送达。提出答辩状的期限和举证的期限分别为公告期满后的15日和30日内。并定于举证期满后第3日上午9时在本院第一法庭公开开庭审理，逾期将依法缺席判决。

本院受理原告诉被告民间借贷纠纷一案，现依法向你公告送达起诉状副本、应诉通知书、举证通知书及开庭传票。自公告之日起经过60日即视为送达。提出答辩状的期限和举证的期限分别为公告期满后的15日和30日内。并定于举证期满后第3日上午9时在本院第一法庭公开开庭审理，逾期将依法缺席判决。

本院受理原告诉被告民间借贷纠纷一案，现依法向你公告送达起诉状副本、应诉通知书、举证通知书及开庭传票。自公告之日起经过60日即视为送达。提出答辩状的期限和举证的期限分别为公告期满后的15日和30日内。并定于举证期满后第3日上午9时在本院第一法庭公开开庭审理，逾期将依法缺席判决。

江苏省徐州市贾汪区人民法院

本院受理原告诉被告民间借贷纠纷一案，现依法向你公告送达起诉状副本、应诉通知书、举证通知书及开庭传票。自公告之日起经过60日即视为送达。提出答辩状的期限和举证的期限分别为公告期满后的15日和30日内。并定于举证期满后第3日上午9时在本院第一法庭公开开庭审理，逾期将依法缺席判决。

本院受理原告诉被告民间借贷纠纷一案，现依法向你公告送达起诉状副本、应诉通知书、举证通知书及开庭传票。自公告之日起经过60日即视为送达。提出答辩状的期限和举证的期限分别为公告期满后的15日和30日内。并定于举证期满后第3日上午9时在本院第一法庭公开开庭审理，逾期将依法缺席判决。

本院受理原告诉被告民间借贷纠纷一案，现依法向你公告送达起诉状副本、应诉通知书、举证通知书及开庭传票。自公告之日起经过60日即视为送达。提出答辩状的期限和举证的期限分别为公告期满后的15日和30日内。并定于举证期满后第3日上午9时在本院第一法庭公开开庭审理，逾期将依法缺席判决。

本院受理原告诉被告民间借贷纠纷一案，现依法向你公告送达起诉状副本、应诉通知书、举证通知书及开庭传票。自公告之日起经过60日即视为送达。提出答辩状的期限和举证的期限分别为公告期满后的15日和30日内。并定于举证期满后第3日上午9时在本院第一法庭公开开庭审理，逾期将依法缺席判决。

本院受理原告诉被告民间借贷纠纷一案，现依法向你公告送达起诉状副本、应诉通知书、举证通知书及开庭传票。自公告之日起经过60日即视为送达。提出答辩状的期限和举证的期限分别为公告期满后的15日和30日内。并定于举证期满后第3日上午9时在本院第一法庭公开开庭审理，逾期将依法缺席判决。

本院受理原告诉被告民间借贷纠纷一案，现依法向你公告送达起诉状副本、应诉通知书、举证通知书及开庭传票。自公告之日起经过60日即视为送达。提出答辩状的期限和举证的期限分别为公告期满后的15日和30日内。并定于举证期满后第3日上午9时在本院第一法庭公开开庭审理，逾期将依法缺席判决。

本院受理原告诉被告民间借贷纠纷一案，现依法向你公告送达起诉状副本、应诉通知书、举证通知书及开庭传票。自公告之日起经过60日即视为送达。提出答辩状的期限和举证的期限分别为公告期满后的15日和30日内。并定于举证期满后第3日上午9时在本院第一法庭公开开庭审理，逾期将依法缺席判决。

本院受理原告诉被告民间借贷纠纷一案，现依法向你公告送达起诉状副本、应诉通知书、举证通知书及开庭传票。自公告之日起经过60日即视为送达。提出答辩状的期限和举证的期限分别为公告期满后的15日和30日内。并定于举证期满后第3日上午9时在本院第一法庭公开开庭审理，逾期将依法缺席判决。

江苏省徐州市贾汪区人民法院

本院受理原告诉被告民间借贷纠纷一案，现依法向你公告送达起诉状副本、应诉通知书、举证通知书及开庭传票。自公告之日起经过60日即视为送达。提出答辩状的期限和举证的期限分别为公告期满后的15日和30日内。并定于举证期满后第3日上午9时在本院第一法庭公开开庭审理，逾期将依法缺席判决。

本院受理原告诉被告民间借贷纠纷一案，现依法向你公告送达起诉状副本、应诉通知书、举证通知书及开庭传票。自公告之日起经过60日即视为送达。提出答辩状的期限和举证的期限分别为公告期满后的15日和30日内。并定于举证期满后第3日上午9时在本院第一法庭公开开庭审理，逾期将依法缺席判决。

本院受理原告诉被告民间借贷纠纷一案，现依法向你公告送达起诉状副本、应诉通知书、举证通知书及开庭传票。自公告之日起经过60日即视为送达。提出答辩状的期限和举证的期限分别为公告期满后的15日和30日内。并定于举证期满后第3日上午9时在本院第一法庭公开开庭审理，逾期将依法缺席判决。

本院受理原告诉被告民间借贷纠纷一案，现依法向你公告送达起诉状副本、应诉通知书、举证通知书及开庭传票。自公告之日起经过60日即视为送达。提出答辩状的期限和举证的期限分别为公告期满后的15日和30日内。并定于举证期满后第3日上午9时在本院第一法庭公开开庭审理，逾期将依法缺席判决。

本院受理原告诉被告民间借贷纠纷一案，现依法向你公告送达起诉状副本、应诉通知书、举证通知书及开庭传票。自公告之日起经过60日即视为送达。提出答辩状的期限和举证的期限分别为公告期满后的15日和30日内。并定于举证期满后第3日上午9时在本院第一法庭公开开庭审理，逾期将依法缺席判决。

本院受理原告诉被告民间借贷纠纷一案，现依法向你公告送达起诉状副本、应诉通知书、举证通知书及开庭传票。自公告之日起经过60日即视为送达。提出答辩状的期限和举证的期限分别为公告期满后的15日和30日内。并定于举证期满后第3日上午9时在本院第一法庭公开开庭审理，逾期将依法缺席判决。

本院受理原告诉被告民间借贷纠纷一案，现依法向你公告送达起诉状副本、应诉通知书、举证通知书及开庭传票。自公告之日起经过60日即视为送达。提出答辩状的期限和举证的期限分别为公告期满后的15日和30日内。并定于举证期满后第3日上午9时在本院第一法庭公开开庭审理，逾期将依法缺席判决。

本院受理原告诉被告民间借贷纠纷一案，现依法向你公告送达起诉状副本、应诉通知书、举证通知书及开庭传票。自公告之日起经过60日即视为送达。提出答辩状的期限和举证的期限分别为公告期满后的15日和30日内。并定于举证期满后第3日上午9时在本院第一法庭公开开庭审理，逾期将依法缺席判决。

江苏省徐州市贾汪区人民法院

本院受理原告诉被告民间借贷纠纷一案，现依法向你公告送达起诉状副本、应诉通知书、举证通知书及开庭传票。自公告之日起经过60日即视为送达。提出答辩状的期限和举证的期限分别为公告期满后的15日和30日内。并定于举证期满后第3日上午9时在本院第一法庭公开开庭审理，逾期将依法缺席判决。

本院受理原告诉被告民间借贷纠纷一案，现依法向你公告送达起诉状副本、应诉通知书、举证通知书及开庭传票。自公告之日起经过60日即视为送达。提出答辩状的期限和举证的期限分别为公告期满后的15日和30日内。并定于举证期满后第3日上午9时在本院第一法庭公开开庭审理，逾期将依法缺席判决。

本院受理原告诉被告民间借贷纠纷一案，现依法向你公告送达起诉状副本、应诉通知书、举证通知书及开庭传票。自公告之日起经过60日即视为送达。提出答辩状的期限和举证的期限分别为公告期满后的15日和30日内。并定于举证期满后第3日上午9时在本院第一法庭公开开庭审理，逾期将依法缺席判决。

本院受理原告诉被告民间借贷纠纷一案，现依法向你公告送达起诉状副本、应诉通知书、举证通知书及开庭传票。自公告之日起经过60日即视为送达。提出答辩状的期限和举证的期限分别为公告期满后的15日和30日内。并定于举证期满后第3日上午9时在本院第一法庭公开开庭审理，逾期将依法缺席判决。

本院受理原告诉被告民间借贷纠纷一案，现依法向你公告送达起诉状副本、应诉通知书、举证通知书及开庭传票。自公告之日起经过60日即视为送达。提出答辩状的期限和举证的期限分别为公告期满后的15日和30日内。并定于举证期满后第3日上午9时在本院第一法庭公开开庭审理，逾期将依法缺席判决。

本院受理原告诉被告民间借贷纠纷一案，现依法向你公告送达起诉状副本、应诉通知书、举证通知书及开庭传票。自公告之日起经过60日即视为送达。提出答辩状的期限和举证的期限分别为公告期满后的15日和30日内。并定于举证期满后第3日上午9时在本院第一法庭公开开庭审理，逾期将依法缺席判决。

本院受理原告诉被告民间借贷纠纷一案，现依法向你公告送达起诉状副本、应诉通知书、举证通知书及开庭传票。自公告之日起经过60日即视为送达。提出答辩状的期限和举证的期限分别为公告期满后的15日和30日内。并定于举证期满后第3日上午9时在本院第一法庭公开开庭审理，逾期将依法缺席判决。

本院受理原告诉被告民间借贷纠纷一案，现依法向你公告送达起诉状副本、应诉通知书、举证通知书及开庭传票。自公告之日起经过60日即视为送达。提出答辩状的期限和举证的期限分别为公告期满后的15日和30日内。并定于举证期满后第3日上午9时在本院第一法庭公开开庭审理，逾期将依法缺席判决。

江苏省徐州市贾汪区人民法院

本院受理原告诉被告民间借贷纠纷一案，现依法向你公告送达起诉状副本、应诉通知书、举证通知书及开庭传票。自公告之日起经过60日即视为送达。提出答辩状的期限和举证的期限分别为公告期满后的15日和30日内。并定于举证期满后第3日上午9时在本院第一法庭公开开庭审理，逾期将依法缺席判决。

本院受理原告诉被告民间借贷纠纷一案，现依法向你公告送达起诉状副本、应诉通知书、举证通知书及开庭传票。自公告之日起经过60日即视为送达。提出答辩状的期限和举证的期限分别为公告期满后的15日和30日内。并定于举证期满后第3日上午9时在本院第一法庭公开开庭审理，逾期将依法缺席判决。

本院受理原告诉被告民间借贷纠纷一案，现依法向你公告送达起诉状副本、应诉通知书、举证通知书及开庭传票。自公告之日起经过60日即视为送达。提出答辩状的期限和举证的期限分别为公告期满后的15日和30日内。并定于举证期满后第3日上午9时在本院第一法庭公开开庭审理，逾期将依法缺席判决。

本院受理原告诉被告民间借贷纠纷一案，现依法向你公告送达起诉状副本、应诉通知书、举证通知书及开庭传票。自公告之日起经过60日即视为送达。提出答辩状的期限和举证的期限分别为公告期满后的15日和30日内。并定于举证期满后第3日上午9时在本院第一法庭公开开庭审理，逾期将依法缺席判决。

本院受理原告诉被告民间借贷纠纷一案，现依法向你公告送达起诉状副本、应诉通知书、举证通知书及开庭传票。自公告之日起经过60日即视为送达。提出答辩状的期限和举证的期限分别为公告期满后的15日和30日内。并定于举证期满后第3日上午9时在本院第一法庭公开开庭审理，逾期将依法缺席判决。

本院受理原告诉被告民间借贷纠纷一案，现依法向你公告送达起诉状副本、应诉通知书、举证通知书及开庭传票。自公告之日起经过60日即视为送达。提出答辩状的期限和举证的期限分别为公告期满后的15日和30日内。并定于举证期满后第3日上午9时在本院第一法庭公开开庭审理，逾期将依法缺席判决。

本院受理原告诉被告民间借贷纠纷一案，现依法向你公告送达起诉状副本、应诉通知书、举证通知书及开庭传票。自公告之日起经过60日即视为送达。提出答辩状的期限和举证的期限分别为公告期满后的15日和30日内。并定于举证期满后第3日上午9时在本院第一法庭公开开庭审理，逾期将依法缺席判决。

本院受理原告诉被告民间借贷纠纷一案，现依法向你公告送达起诉状副本、应诉通知书、举证通知书及开庭传票。自公告之日起经过60日即视为送达。提出答辩状的期限和举证的期限分别为公告期满后的15日和30日内。并定于举证期满后第3日上午9时在本院第一法庭公开开庭审理，逾期将依法缺席判决。

江苏省徐州市贾汪区人民法院

本院受理原告诉被告民间借贷纠纷一案，现依法向你公告送达起诉状副本、应诉通知书、举证通知书及开庭传票。自公告之日起经过60日即视为送达。提出答辩状的期限和举证的期限分别为公告期满后的15日和30日内。并定于举证期满后第3日上午9时在本院第一法庭公开开庭审理，逾期将依法缺席判决。

本院受理原告诉被告民间借贷纠纷一案，现依法向你公告送达起诉状副本、应诉通知书、举证通知书及开庭传票。自公告之日起经过60日即视为送达。提出答辩状的期限和举证的期限分别为公告期满后的15日和30日内。并定于举证期满后第3日上午9时在本院第一法庭公开开庭审理，逾期将依法缺席判决。

本院受理原告诉被告民间借贷纠纷一案，现依法向你公告送达起诉状副本、应诉通知书、举证通知书及开庭传票。自公告之日起经过60日即视为送达。提出答辩状的期限和举证的期限分别为公告期满后的15日和30日内。并定于举证期满后第3日上午9时在本院第一法庭公开开庭审理，逾期将依法缺席判决。

本院受理原告诉被告民间借贷纠纷一案，现依法向你公告送达起诉状副本、应诉通知书、举证通知书及开庭传票。自公告之日起经过60日即视为送达。提出答辩状的期限和举证的期限分别为公告期满后的15日和30日内。并定于举证期满后第3日上午9时在本院第一法庭公开开庭审理，逾期将依法缺席判决。

本院受理原告诉被告民间借贷纠纷一案，现依法向你公告送达起诉状副本、应诉通知书、举证通知书及开庭传票。自公告之日起经过60日即视为送达。提出答辩状的期限和举证的期限分别为公告期满后的15日和30日内。并定于举证期满后第3日上午9时在本院第一法庭公开开庭审理，逾期将依法缺席判决。

本院受理原告诉被告民间借贷纠纷一案，现依法向你公告送达起诉状副本、应诉通知书、举证通知书及开庭传票。自公告之日起经过60日即视为送达。提出答辩状的期限和举证的期限分别为公告期满后的15日和30日内。并定于举证期满后第3日上午9时在本院第一法庭公开开庭审理，逾期将依法缺席判决。

本院受理原告诉被告民间借贷纠纷一案，现依法向你公告送达起诉状副本、应诉通知书、举证通知书及开庭传票。自公告之日起经过60日即视为送达。提出答辩状的期限和举证的期限分别为公告期满后的15日和30日内。并定于举证期满后第3日上午9时在本院第一法庭公开开庭审理，逾期将依法缺席判决。

本院受理原告诉被告民间借贷纠纷一案，现依法向你公告送达起诉状副本、应诉通知书、举证通知书及开庭传票。自公告之日起经过60日即视为送达。提出答辩状的期限和举证的期限分别为公告期满后的15日和30日内。并定于举证期满后第3日上午9时在本院第一法庭公开开庭审理，逾期将依法缺席判决。

公告

遗失声明

遗失声明

声明人：刘玉才

公告专栏

本院受理原告诉被告民间借贷纠纷一案，现依法向你公告送达起诉状副本、应诉通知书、举证通知书及开庭传票。自公告之日起经过60日即视为送达。提出答辩状的期限和举证的期限分别为公告期满后的15日和30日内。并定于举证期满后第3日上午9时在本院第一法庭公开开庭审理，逾期将依法缺席判决。

本院受理原告诉被告民间借贷纠纷一案，现依法向你公告送达起诉状副本、应诉通知书、举证通知书及开庭传票。自公告之日起经过60日即视为送达。提出答辩状的期限和举证的期限分别为公告期满后的15日和30日内。并定于举证期满后第3日上午9时在本院第一法庭公开开庭审理，逾期将依法缺席判决。

本院受理原告诉被告民间借贷纠纷一案，现依法向你公告送达起诉状副本、应诉通知书、举证通知书及开庭传票。自公告之日起经过60日即视为送达。提出答辩状的期限和举证的期限分别为公告期满后的15日和30日内。并定于举证期满后第3日上午9时在本院第一法庭公开开庭审理，逾期将依法缺席判决。

本院受理原告诉被告民间借贷纠纷一案，现依法向你公告送达起诉状副本、应诉通知书、举证通知书及开庭传票。自公告之日起经过60日即视为送达。提出答辩状的期限和举证的期限分别为公告期满后的15日和30日内。并定于举证期满后第3日上午9时在本院第一法庭公开开庭审理，逾期将依法缺席判决。

本院受理原告诉被告民间借贷纠纷一案，现依法向你公告送达起诉状副本、应诉通知书、举证通知书及开庭传票。自公告之日起经过60日即视为送达。提出答辩状的期限和举证的期限分别为公告期满后的15日和30日内。并定于举证期满后第3日上午9时在本院第一法庭公开开庭审理，逾期将依法缺席判决。

本院受理原告诉被告民间借贷纠纷一案，现依法向你公告送达起诉状副本、应诉通知书、举证通知书及开庭传票。自公告之日起经过60日即视为送达。提出答辩状的期限和举证的期限分别为公告期满后的15日和30日内。并定于举证期满后第3日上午9时在本院第一法庭公开开庭审理，逾期将依法缺席判决。

本院受理原告诉被告民间借贷纠纷一案，现依法向你公告送达起诉状副本、应诉通知书、举证通知书及开庭传票。自公告之日起经过60日即视为送达。提出答辩状的期限和举证的期限分别为公告期满后的15日和30日内。并定于举证期满后第3日上午9时在本院第一法庭公开开庭审理，逾期将依法缺席判决。

本院受理原告诉被告民间借贷纠纷一案，现依法向你公告送达起诉状副本、应诉通知书、举证通知书及开庭传票。自公告之日起经过60日即视为送达。提出答辩状的期限和举证的期限分别为公告期满后的15日和30日内。并定于举证期满后第3日上午9时在本院第一法庭公开开庭审理，逾期将依法缺席判决。

江苏省徐州市贾汪区人民法院

本院受理原告诉被告民间借贷纠纷一案，现依法向你公告送达起诉状副本、应诉通知书、举证通知书及开庭传票。自公告之日起经过60日即视为送达。提出答辩状的期限和举证的期限分别为公告期满后的15日和30日内。并定于举证期满后第3日上午9时在本院第一法庭公开开庭审理，逾期将依法缺席判决。

本院受理原告诉被告民间借贷纠纷一案，现依法向你公告送达起诉状副本、应诉通知书、举证通知书及开庭传票。自公告之日起经过60日即视为送达。提出答辩状的期限和举证的期限分别为公告期满后的15日和30日内。并定于举证期满后第3日上午9时在本院第一法庭公开开庭审理，逾期将依法缺席判决。

本院受理原告诉被告民间借贷纠纷一案，现依法向你公告送达起诉状副本、应诉通知书、举证通知书及开庭传票。自公告之日起经过60日即视为送达。提出答辩状的期限和举证的期限分别为公告期满后的15日和30日内。并定于举证期满后第3日上午9时在本院第一法庭公开开庭审理，逾期将依法缺席判决。

本院受理原告诉被告民间借贷纠纷一案，现依法向你公告送达起诉状副本、应诉通知书、举证通知书及开庭传票。自公告之日起经过60日即视为送达。提出答辩状的期限和举证的期限分别为公告期满后的15日和30日内。并定于举证期满后第3日上午9时在本院第一法庭公开开庭审理，逾期将依法缺席判决。

本院受理原告诉被告民间借贷纠纷一案，现依法向你公告送达起诉状副本、应诉通知书、举证通知书及开庭传票。自公告之日起经过60日即视为送达。提出答辩状的期限和举证的期限分别为公告期满后的15日和30日内。并定于举证期满后第3日上午9时在本院第一法庭公开开庭审理，逾期将依法缺席判决。

本院受理原告诉被告民间借贷纠纷一案，现依法向你公告送达起诉状副本、应诉通知书、举证通知书及开庭传票。自公告之日起经过60日即视为送达。提出答辩状的期限和举证的期限分别为公告期满后的15日和30日内。并定于举证期满后第3日上午9时在本院第一法庭公开开庭审理，逾期将依法缺席判决。

本院受理原告诉被告民间借贷纠纷一案，现依法向你公告送达起诉状副本、应诉通知书、举证通知书及开庭传票。自公告之日起经过60日即视为送达。提出答辩状的期限和举证的期限分别为公告期满后的15日和30日内。并定于举证期满后第3日上午9时在本院第一法庭公开开庭审理，逾期将依法缺席判决。

本院受理原告诉被告民间借贷纠纷一案，现依法向你公告送达起诉状副本、应诉通知书、举证通知书及开庭传票。自公告之日起经过60日即视为送达。提出答辩状的期限和举证的期限分别为公告期满后的15日和30日内。并定于举证期满后第3日上午9时在本院第一法庭公开开庭审理，逾期将依法缺席判决。

江苏省徐州市贾汪区人民法院

本院受理原告诉被告民间借贷纠纷一案，现依法向你公告送达起诉状副本、应诉通知书、举证通知书及开庭传票。自公告之日起经过60日即视为送达。提出答辩状的期限和举证的期限分别为公告期满后的15日和30日内。并定于举证期满后第3日上午9时在本院第一法庭公开开庭审理，逾期将依法缺席判决。

本院受理原告诉被告民间借贷纠纷一案，现依法向你公告送达起诉状副本、应诉通知书、举证通知书及开庭传票。自公告之日起经过60日即视为送达。提出答辩状的期限和举证的期限分别为公告期满后的15日和30日内。并定于举证期满后第3日上午9时在本院第一法庭公开开庭审理，逾期将依法缺席判决。

本院受理原告诉被告民间借贷纠纷一案，现依法向你公告送达起诉状副本、应诉通知书、举证通知书及开庭传票。自公告之日起经过60日即视为送达。提出答辩状的期限和举证的期限分别为公告期满后的15日和30日内。并定于举证期满后第3日上午9时在本院第一法庭公开开庭审理，逾期将依法缺席判决。

本院受理原告诉被告民间借贷纠纷一案，现依法向你公告送达起诉状副本、应诉通知书、举证通知书及开庭传票。自公告之日起经过60日即视为送达。提出答辩状的期限和举证的期限分别为公告期满后的15日和30日内。并定于举证期满后第3日上午9时在本院第一法庭公开开庭审理，逾期将依法缺席判决。

本院受理原告诉被告民间借贷纠纷一案，现依法向你公告送达起诉状副本、应诉通知书、举证通知书及开庭传票。自公告之日起经过60日即视为送达。提出答辩状的期限和举证的期限分别为公告期满后的15日和30日内。并定于举证期满后第3日上午9时在本院第一法庭公开开庭审理，逾期将依法缺席判决。

本院受理原告诉被告民间借贷纠纷一案，现依法向你公告送达起诉状副本、应诉通知书、举证通知书及开庭传票。自公告之日起经过60日即视为送达。提出答辩状的期限和举证的期限分别为公告期满后的15日和30日内。并定于举证期满后第3日上午9时在本院第一法庭公开开庭审理，逾期将依法缺席判决。

本院受理原告诉被告民间借贷纠纷一案，现依法向你公告送达起诉状副本、应诉通知书、举证通知书及开庭传票。自公告之日起经过60日即视为送达。提出答辩状的期限和举证的期限分别为公告期满后的15日和30日内。并定于举证期满后第3日上午9时在本院第一法庭公开开庭审理，逾期将依法缺席判决。

本院受理原告诉被告民间借贷纠纷一案，现依法向你公告送达起诉状副本、应诉通知书、举证通知书及开庭传票。自公告之日起经过60日即视为送达。提出答辩状的期限和举证的期限分别为公告期满后的15日和30日内。并定于举证期满后第3日上午9时在本院第一法庭公开开庭审理，逾期将依法缺席判决。

江苏省徐州市贾汪区人民法院

本院受理原告诉被告民间借贷纠纷一案，现依法向你公告送达起诉状副本、应诉通知书、举证通知书及开庭传票。自公告之日起经过60日即视为送达。提出答辩状的期限和举证的期限分别为公告期满后的15日和30日内。并定于举证期满后第3日上午9时在本院第一法庭公开开庭审理，逾期将依法缺席判决。

本院受理原告诉被告民间借贷纠纷一案，现依法向你公告送达起诉状副本、应诉通知书、举证通知书及开庭传票。自公告之日起经过60日即视为送达。提出答辩状的期限和举证的期限分别为公告期满后的15日和30日内。并定于举证期满后第3日上午9时在本院第一法庭公开开庭审理，逾期将依法缺席判决。

本院受理原告诉被告民间借贷纠纷一案，现依法向你公告送达起诉状副本、应诉通知书、举证通知书及开庭传票。自公告之日起经过60日即视为送达。提出答辩状的期限和举证的期限分别为公告期满后的15日和30日内。并定于举证期满后第3日上午9时在本院第一法庭公开开庭审理，逾期将依法缺席判决。

本院受理原告诉被告民间借贷纠纷一案，现依法向你公告送达起诉状副本、应诉通知书、举证通知书及开庭传票。自公告之日起经过60日即视为送达。提出答辩状的期限和举证的期限分别为公告期满后的15日和30日内。并定于举证期满后第3日上午9时在本院第一法庭公开开庭审理，逾期将依法缺席判决。

本院受理原告诉被告民间借贷纠纷一案，现依法向你公告送达起诉状副本、应诉通知书、举证通知书及开庭传票。自公告之日起经过60日即视为送达。提出答辩状的期限和举证的期限分别为公告期满后的15日和30日内。并定于举证期满后第3日上午9时在本院第一法庭公开开庭审理，逾期将依法缺席判决。

本院受理原告诉被告民间借贷纠纷一案，现依法向你公告送达起诉状副本、应诉通知书、举证通知书及开庭传票。自公告之日起经过60日即视为送达。提出答辩状的期限和举证的期限分别为公告期满后的15日和30日内。并定于举证期满后第3日上午9时在本院第一法庭公开开庭审理，逾期将依法缺席判决。

本院受理原告诉被告民间借贷纠纷一案，现依法向你公告送达起诉状副本、应诉通知书、举证通知书及开庭传票。自公告之日起经过60日即视为送达。提出答辩状的期限和举证的期限分别为公告期满后的15日和30日内。并定于举证期满后第3日上午9时在本院第一法庭公开开庭审理，逾期将依法缺席判决。

本院受理原告诉被告民间借贷纠纷一案，现依法向你公告送达起诉状副本、应诉通知书、举证通知书及开庭传票。自公告之日起经过60日即视为送达。提出答辩状的期限和举证的期限分别为公告期满后的15日和30日内。并定于举证期满后第3日上午9时在本院第一法庭公开开庭审理，逾期将依法缺席判决。

江苏省徐州市贾汪区人民法院

本院受理原告诉被告民间借贷纠纷一案，现依法向你公告送达起诉状副本、应诉通知书、举证通知书及开庭传票。自公告之日起经过60日即视为送达。提出答辩状的期限和举证的期限分别为公告期满后的15日和30日内。并定于举证期满后第3日上午9时在本院第一法庭公开开庭审理，逾期将依法缺席判决。

本院受理原告诉被告民间借贷纠纷一案，现依法向你公告送达起诉状副本、应诉通知书、举证通知书及开庭传票。自公告之日起经过60日即视为送达。提出答辩状的期限和举证的期限分别为公告期满后的15日和30日内。并定于举证期满后第3日上午9时在本院第一法庭公开开庭审理，逾期将依法缺席判决。

本院受理原告诉被告民间借贷纠纷一案，现依法向你公告送达起诉状副本、应诉通知书、举证通知书及开庭传票。自公告之日起经过60日即视为送达。提出答辩状的期限和举证的期限分别为公告期满后的15日和30日内。并定于举证期满后第3日上午9时在本院第一法庭公开开庭审理，逾期将依法缺席判决。

本院受理原告诉被告民间借贷纠纷一案，现依法向你公告送达起诉状副本、应诉通知书、举证通知书及开庭传票。自公告之日起经过60日即视为送达。提出答辩状的期限和举证的期限分别为公告期满后的15日和30日内。并定于举证期满后第3日上午9时在本院第一法庭公开开庭审理，逾期将依法缺席判决。

本院受理原告诉被告民间借贷纠纷一案，现依法向你公告送达起诉状副本、应诉通知书、举证通知书及开庭传票。自公告之日起经过60日即视为送达。提出答辩状的期限和举证的期限分别为公告期满后的15日和30日内。并定于举证期满后第3日上午9时在本院第一法庭公开开庭审理，逾期将依法缺席判决。

本院受理原告诉被告民间借贷纠纷一案，现依法向你公告送达起诉状副本、应诉通知书、举证通知书及开庭传票。自公告之日起经过60日即视为送达。提出答辩状的期限和举证的期限分别为公告期满后的15日和30日内。并定于举证期满后第3日上午9时在本院第一法庭公开开庭审理，逾期将依法缺席判决。

本院受理原告诉被告民间借贷纠纷一案，现依法向你公告送达起诉状副本、应诉通知书、举证通知书及开庭传票。自公告之日起经过60日即视为送达。提出答辩状的期限和举证的期限分别为公告期满后的15日和30日内。并定于举证期满后第3日上午9时在本院第一法庭公开开庭审理，逾期将依法缺席判决。

本院受理原告诉被告民间借贷纠纷一案，现依法向你公告送达起诉状副本、应诉通知书、举证通知书及开庭传票。自公告之日起经过60日即视为送达。提出答辩状的期限和举证的期限分别为公告期满后的15日和30日内。并定于举证期满后第3日上午9时在本院第一法庭公开开庭审理，逾期将依法缺席判决。

江苏省徐州市贾汪区人民法院

本院受理原告诉被告民间借贷纠纷一案，现依法向你公告送达起诉状副本、应诉通知书、举证通知书及开庭传票。自公告之日起经过60日即视为送达。提出答辩状的期限和举证的期限分别为公告期满后的15日和30日内。并定于举证期满后第3日上午9时在本院第一法庭公开开庭审理，逾期将依法缺席判决。

本院受理原告诉被告民间借贷纠纷一案，现依法向你公告送达起诉状副本、应诉通知书、举证通知书及开庭传票。自公告之日起经过60日即视为送达。提出答辩状的期限和举证的期限分别为公告期满后的15日和30日内。并定于举证期满后第3日上午9时在本院第一法庭公开开庭审理，逾期将依法缺席判决。

本院受理原告诉被告民间借贷纠纷一案，现依法向你公告送达起诉状副本、应诉通知书、举证通知书及开庭传票。自公告之日起经过60日即视为送达。提出答辩状的期限和举证的期限分别为公告期满后的15日和30日内。并定于举证期满后第3日上午9时在本院第一法庭公开开庭审理，逾期将依法缺席判决。

本院受理原告诉被告民间借贷纠纷一案，现依法向你公告送达起诉状副本、应诉通知书、举证通知书及开庭传票。自公告之日起经过60日即视为送达。提出答辩状的期限和举证的期限分别为公告期满后的15日和30日内。并定于举证期满后第3日上午9时在本院第一法庭公开开庭审理，逾期将依法缺席判决。

本院受理原告诉被告民间借贷纠纷一案，现依法向你公告送达起诉状副本、应诉通知书、举证通知书及开庭传票。自公告之日起经过60日即视为送达。提出答辩状的期限和举证的期限分别为公告期满后的15日和30日内。并定于举证期满后第3日上午9时在本院第一法庭公开开庭审理，逾期将依法缺席判决。

本院受理原告诉被告民间借贷纠纷一案，现依法向你公告送达起诉状副本、应诉通知书、举证通知书及开庭传票。自公告之日起经过60日即视为送达。提出答辩状的期限和举证的期限分别为公告期满后的15日和30日内。并定于举证期满后第3日上午9时在本院第一法庭公开开庭审理，逾期将依法缺席判决。

本院受理原告诉被告民间借贷纠纷一案，现依法向你公告送达起诉状副本、应诉通知书、举证通知书及开庭传票。自公告之日起经过60日即视为送达。提出答辩状的期限和举证的期限分别为公告期满后的15日和30日内。并定于举证期满后第3日上午9时在本院第一法庭公开开庭审理，逾期将依法缺席判决。

本院受理原告诉被告民间借贷纠纷一案，现依法向你公告送达起诉状副本、应诉通知书、举证通知书及开庭传票。自公告之日起经过60日即视为送达。提出答辩状的期限和举证的期限分别为公告期满后的15日和30日内。并定于举证期满后第3日上午9时在本院第一法庭公开开庭审理，逾期将依法缺席判决。

江苏省徐州市贾汪区人民法院

本院受理原告诉被告民间借贷纠纷一案，现依法向你公告送达起诉状副本、应诉通知书、举证通知书及开庭传票。自公告之日起经过60日即视为送达。提出答辩状的期限和举证的期限分别为公告期满后的15日和30日内。并定于举证期满后第3日上午9时在本院第一法庭公开开庭审理，逾期将依法缺席判决。

本院受理原告诉被告民间借贷纠纷一案，现依法向你公告送达起诉状副本、应诉通知书、举证通知书及开庭传票。自公告之日起经过60日即视为送达。提出答辩状的期限和举证的期限分别为公告期满后的15日和30日内。并定于举证期满后第3日上午9时在本院第一法庭公开开庭审理，逾期将依法缺席判决。

本院受理原告诉被告民间借贷纠纷一案，现依法向你公告送达起诉状副本、应诉通知书、举证通知书及开庭传票。自公告之日起经过60日即视为送达。提出答辩状的期限和举证的期限分别为公告期满后的15日和30日内。并定于举证期满后第3日上午9时在本院第一法庭公开开庭审理，逾期将依法缺席判决。

本院受理原告诉被告民间借贷纠纷一案，现依法向你公告送达起诉状副本、应诉通知书、举证通知书及开庭传票。自公告之日起经过60日即视为送达。提出答辩状的期限和举证的期限分别为公告期满后的15日和30日内。并定于举证期满后第3日上午9时在本院第一法庭公开开庭审理，逾期将依法缺席判决。

本院受理原告诉被告民间借贷纠纷一案，现依法向你公告送达起诉状副本、应诉通知书、举证通知书及开庭传票。自公告之日起经过60日即视为送达。提出答辩状的期限和举证的期限分别为公告期满后的15日和30日内。并定于举证期满后第3日上午9时在本院第一法庭公开开庭审理，逾期将依法缺席判决。

本院受理原告诉被告民间借贷纠纷一案，现依法向你公告送达起诉状副本、应诉通知书、举证通知书及开庭传票。自公告之日起经过60日即视为送达。提出答辩状的期限和举证的期限分别为公告期满后的15日和30日内。并定于举证期满后第3日上午9时在本院第一法庭公开开庭审理，逾期将依法缺席判决。

本院受理原告诉被告民间借贷纠纷一案，现依法向你公告送达起诉状副本、应诉通知书、举证通知书及开庭传票。自公告之日起经过60日即视为送达。提出答辩状的期限和举证的期限分别为公告期满后的15日和30日内。并定于举证期满后第3日上午9时在本院第一法庭公开开庭审理，逾期将依法缺席判决。

本院受理原告诉被告民间借贷纠纷一案，现依法向你公告送达起诉状副本、应诉通知书、举证通知书及开庭传票。自公告之日起经过60日即视为送达。提出答辩状的期限和举证的期限分别为公告期满后的15日和30日内。并定于举证期满后第3日上午9时在本院第一法庭公开开庭审理，逾期将依法缺席判决。

江苏省徐州市贾汪区人民法院

本院受理原告诉被告民间借贷纠纷一案，现依法向你公告送达起诉状副本、应诉通知书、举证通知书及开庭传票。自公告之日起经过60日即视为送达。提出答辩状的期限和举证的期限分别为公告期满后的15日和30日内。并定于举证期满后第3日上午9时在本院第一法庭公开开庭审理，逾期将依法缺席判决。

本院受理原告诉被告民间借贷纠纷一案，现依法向你公告送达起诉状副本、应诉通知书、举证通知书及开庭传票。自公告之日起经过60日即视为送达。提出答辩状的期限和举证的期限分别为公告期满后的15日和30日内。并定于举证期满后第3日上午9时在本院第一法庭公开开庭审理，逾期将依法缺席判决。

本院受理原告诉被告民间借贷纠纷一案，现依法向你公告送达起诉状副本、应诉通知书、举证通知书及开庭传票。自公告之日起经过60日即视为送达。提出答辩状的期限和举证的期限分别为公告期满后的15日和30日内。并定于举证期满后第3日上午9时在本院第一法庭公开开庭审理，逾期将依法缺席判决。

本院受理原告诉被告民间借贷纠纷一案，现依法向你公告送达起诉状副本、应诉通知书、举证通知书及开庭传票。自公告之日起经过60日即视为送达。提出答辩状的期限和举证的期限分别为公告期满后的15日和30日内。并定于举证期满后第3日上午9时在本院第一法庭公开开庭审理，逾期将依法缺席判决。

本院受理原告诉被告民间借贷纠纷一案，现依法向你公告送达起诉状副本、应诉通知书、举证通知书及开庭传票。自公告之日起经过60日即视为送达。提出答辩状的期限和举证的期限分别为公告期满后的15日和30日内。并定于举证期满后第3日上午9时在本院第一法庭公开开庭审理，逾期将依法缺席判决。

本院受理原告诉被告民间借贷纠纷一案，现依法向你公告送达起诉状副本、应诉通知书、举证通知书及开庭传票。自公告之日起经过60日即视为送达。提出答辩状的期限和举证的期限分别为公告期满后的15日和30日内。并定于举证期满后第3日上午9时在本院第一法庭公开开庭审理，逾期将依法缺席判决。

本院受理原告诉被告民间借贷纠纷一案，现依法向你公告送达起诉状副本、应诉通知书、举证通知书及开庭传票。自公告之日起经过60日即视为送达。提出答辩状的期限和举证的期限分别为公告期满后的15日和30日内。并定于举证期满后第3日上午9时在本院第一法庭公开开庭审理，逾期将依法缺席判决。

本院受理原告诉被告民间借贷纠纷一案，现依法向你公告送达起诉状副本、应诉通知书、举证通知书及开庭传票。自公告之日起经过60日即视为送达。提出答辩状的期限和举证的期限分别为公告期满后的15日和30日内。并定于举证期满后第3日上午9时在本院第一法庭公开开庭审理，逾期将依法缺席判决。
